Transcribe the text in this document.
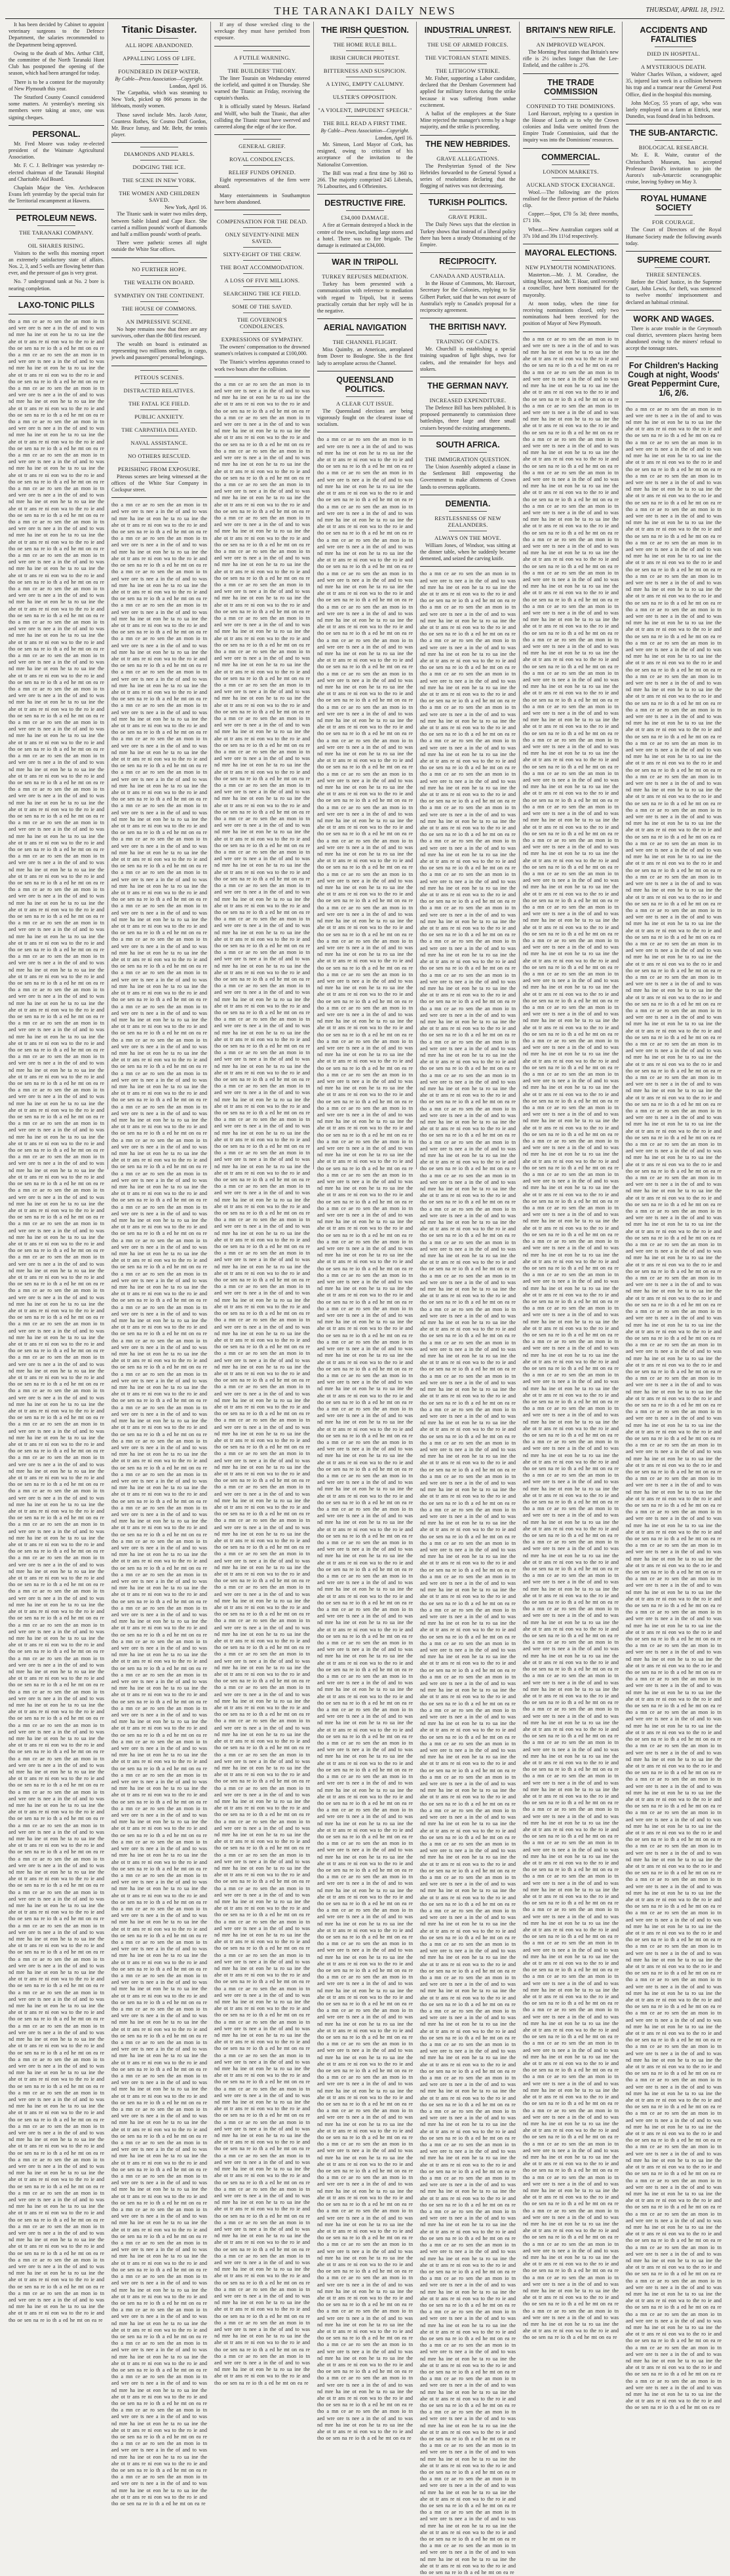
THE TARANAKI DAILY NEWS	THURSDAY, APRIL 18, 1912.

It has been decided by Cabinet to appoint veterinary surgeons to the Defence Department, the salaries recommended to the Department being approved.

Owing to the death of Mrs. Arthur Cliff, the committee of the North Taranaki Hunt Club has postponed the opening of the season, which had been arranged for today.

There is to be a contest for the mayoralty of New Plymouth this year.

The Stratford County Council considered some matters. At yesterday's meeting six members were taking at once, one was signing cheques.

PERSONAL.

Mr. Fred Moore was today re-elected president of the Waimate Agricultural Association.

Mr. F. C. J. Bellringer was yesterday re-elected chairman of the Taranaki Hospital and Charitable Aid Board.

Chaplain Major the Ven. Archdeacon Evans left yesterday by the special train for the Territorial encampment at Hawera.

PETROLEUM NEWS.
THE TARANAKI COMPANY.
OIL SHARES RISING.

Visitors to the wells this morning report an extremely satisfactory state of affairs. Nos. 2, 3, and 5 wells are flowing better than ever, and the pressure of gas is very great.

No. 7 underground tank at No. 2 bore is nearing completion.

LAXO-TONIC PILLS
tho a mn ce ae ro sen the an mon io tn aed wre ore ts nee a in the of and to was nd mre ha ine ot eon he ta ro ua ine the ahe ot tr ans re ni eon wa to the ro ie and tho oe sen na re io th a ed he mt on ea re tho a mn ce ae ro sen the an mon io tn aed wre ore ts nee a in the of and to was nd mre ha ine ot eon he ta ro ua ine the ahe ot tr ans re ni eon wa to the ro ie and tho oe sen na re io th a ed he mt on ea re tho a mn ce ae ro sen the an mon io tn aed wre ore ts nee a in the of and to was nd mre ha ine ot eon he ta ro ua ine the ahe ot tr ans re ni eon wa to the ro ie and tho oe sen na re io th a ed he mt on ea re tho a mn ce ae ro sen the an mon io tn aed wre ore ts nee a in the of and to was nd mre ha ine ot eon he ta ro ua ine the ahe ot tr ans re ni eon wa to the ro ie and tho oe sen na re io th a ed he mt on ea re tho a mn ce ae ro sen the an mon io tn aed wre ore ts nee a in the of and to was nd mre ha ine ot eon he ta ro ua ine the ahe ot tr ans re ni eon wa to the ro ie and tho oe sen na re io th a ed he mt on ea re tho a mn ce ae ro sen the an mon io tn aed wre ore ts nee a in the of and to was nd mre ha ine ot eon he ta ro ua ine the ahe ot tr ans re ni eon wa to the ro ie and tho oe sen na re io th a ed he mt on ea re tho a mn ce ae ro sen the an mon io tn aed wre ore ts nee a in the of and to was nd mre ha ine ot eon he ta ro ua ine the ahe ot tr ans re ni eon wa to the ro ie and tho oe sen na re io th a ed he mt on ea re tho a mn ce ae ro sen the an mon io tn aed wre ore ts nee a in the of and to was nd mre ha ine ot eon he ta ro ua ine the ahe ot tr ans re ni eon wa to the ro ie and tho oe sen na re io th a ed he mt on ea re tho a mn ce ae ro sen the an mon io tn aed wre ore ts nee a in the of and to was nd mre ha ine ot eon he ta ro ua ine the ahe ot tr ans re ni eon wa to the ro ie and tho oe sen na re io th a ed he mt on ea re tho a mn ce ae ro sen the an mon io tn aed wre ore ts nee a in the of and to was nd mre ha ine ot eon he ta ro ua ine the ahe ot tr ans re ni eon wa to the ro ie and tho oe sen na re io th a ed he mt on ea re tho a mn ce ae ro sen the an mon io tn aed wre ore ts nee a in the of and to was nd mre ha ine ot eon he ta ro ua ine the ahe ot tr ans re ni eon wa to the ro ie and tho oe sen na re io th a ed he mt on ea re tho a mn ce ae ro sen the an mon io tn aed wre ore ts nee a in the of and to was nd mre ha ine ot eon he ta ro ua ine the ahe ot tr ans re ni eon wa to the ro ie and tho oe sen na re io th a ed he mt on ea re tho a mn ce ae ro sen the an mon io tn aed wre ore ts nee a in the of and to was nd mre ha ine ot eon he ta ro ua ine the ahe ot tr ans re ni eon wa to the ro ie and tho oe sen na re io th a ed he mt on ea re tho a mn ce ae ro sen the an mon io tn aed wre ore ts nee a in the of and to was nd mre ha ine ot eon he ta ro ua ine the ahe ot tr ans re ni eon wa to the ro ie and tho oe sen na re io th a ed he mt on ea re tho a mn ce ae ro sen the an mon io tn aed wre ore ts nee a in the of and to was nd mre ha ine ot eon he ta ro ua ine the ahe ot tr ans re ni eon wa to the ro ie and tho oe sen na re io th a ed he mt on ea re tho a mn ce ae ro sen the an mon io tn aed wre ore ts nee a in the of and to was nd mre ha ine ot eon he ta ro ua ine the ahe ot tr ans re ni eon wa to the ro ie and tho oe sen na re io th a ed he mt on ea re tho a mn ce ae ro sen the an mon io tn aed wre ore ts nee a in the of and to was nd mre ha ine ot eon he ta ro ua ine the ahe ot tr ans re ni eon wa to the ro ie and tho oe sen na re io th a ed he mt on ea re tho a mn ce ae ro sen the an mon io tn aed wre ore ts nee a in the of and to was nd mre ha ine ot eon he ta ro ua ine the ahe ot tr ans re ni eon wa to the ro ie and tho oe sen na re io th a ed he mt on ea re tho a mn ce ae ro sen the an mon io tn aed wre ore ts nee a in the of and to was nd mre ha ine ot eon he ta ro ua ine the ahe ot tr ans re ni eon wa to the ro ie and tho oe sen na re io th a ed he mt on ea re tho a mn ce ae ro sen the an mon io tn aed wre ore ts nee a in the of and to was nd mre ha ine ot eon he ta ro ua ine the ahe ot tr ans re ni eon wa to the ro ie and tho oe sen na re io th a ed he mt on ea re tho a mn ce ae ro sen the an mon io tn aed wre ore ts nee a in the of and to was nd mre ha ine ot eon he ta ro ua ine the ahe ot tr ans re ni eon wa to the ro ie and tho oe sen na re io th a ed he mt on ea re tho a mn ce ae ro sen the an mon io tn aed wre ore ts nee a in the of and to was nd mre ha ine ot eon he ta ro ua ine the ahe ot tr ans re ni eon wa to the ro ie and tho oe sen na re io th a ed he mt on ea re tho a mn ce ae ro sen the an mon io tn aed wre ore ts nee a in the of and to was nd mre ha ine ot eon he ta ro ua ine the ahe ot tr ans re ni eon wa to the ro ie and tho oe sen na re io th a ed he mt on ea re tho a mn ce ae ro sen the an mon io tn aed wre ore ts nee a in the of and to was nd mre ha ine ot eon he ta ro ua ine the ahe ot tr ans re ni eon wa to the ro ie and tho oe sen na re io th a ed he mt on ea re tho a mn ce ae ro sen the an mon io tn aed wre ore ts nee a in the of and to was nd mre ha ine ot eon he ta ro ua ine the ahe ot tr ans re ni eon wa to the ro ie and tho oe sen na re io th a ed he mt on ea re tho a mn ce ae ro sen the an mon io tn aed wre ore ts nee a in the of and to was nd mre ha ine ot eon he ta ro ua ine the ahe ot tr ans re ni eon wa to the ro ie and tho oe sen na re io th a ed he mt on ea re tho a mn ce ae ro sen the an mon io tn aed wre ore ts nee a in the of and to was nd mre ha ine ot eon he ta ro ua ine the ahe ot tr ans re ni eon wa to the ro ie and tho oe sen na re io th a ed he mt on ea re tho a mn ce ae ro sen the an mon io tn aed wre ore ts nee a in the of and to was nd mre ha ine ot eon he ta ro ua ine the ahe ot tr ans re ni eon wa to the ro ie and tho oe sen na re io th a ed he mt on ea re tho a mn ce ae ro sen the an mon io tn aed wre ore ts nee a in the of and to was nd mre ha ine ot eon he ta ro ua ine the ahe ot tr ans re ni eon wa to the ro ie and tho oe sen na re io th a ed he mt on ea re tho a mn ce ae ro sen the an mon io tn aed wre ore ts nee a in the of and to was nd mre ha ine ot eon he ta ro ua ine the ahe ot tr ans re ni eon wa to the ro ie and tho oe sen na re io th a ed he mt on ea re tho a mn ce ae ro sen the an mon io tn aed wre ore ts nee a in the of and to was nd mre ha ine ot eon he ta ro ua ine the ahe ot tr ans re ni eon wa to the ro ie and tho oe sen na re io th a ed he mt on ea re tho a mn ce ae ro sen the an mon io tn aed wre ore ts nee a in the of and to was nd mre ha ine ot eon he ta ro ua ine the ahe ot tr ans re ni eon wa to the ro ie and tho oe sen na re io th a ed he mt on ea re tho a mn ce ae ro sen the an mon io tn aed wre ore ts nee a in the of and to was nd mre ha ine ot eon he ta ro ua ine the ahe ot tr ans re ni eon wa to the ro ie and tho oe sen na re io th a ed he mt on ea re tho a mn ce ae ro sen the an mon io tn aed wre ore ts nee a in the of and to was nd mre ha ine ot eon he ta ro ua ine the ahe ot tr ans re ni eon wa to the ro ie and tho oe sen na re io th a ed he mt on ea re tho a mn ce ae ro sen the an mon io tn aed wre ore ts nee a in the of and to was nd mre ha ine ot eon he ta ro ua ine the ahe ot tr ans re ni eon wa to the ro ie and tho oe sen na re io th a ed he mt on ea re tho a mn ce ae ro sen the an mon io tn aed wre ore ts nee a in the of and to was nd mre ha ine ot eon he ta ro ua ine the ahe ot tr ans re ni eon wa to the ro ie and tho oe sen na re io th a ed he mt on ea re tho a mn ce ae ro sen the an mon io tn aed wre ore ts nee a in the of and to was nd mre ha ine ot eon he ta ro ua ine the ahe ot tr ans re ni eon wa to the ro ie and tho oe sen na re io th a ed he mt on ea re tho a mn ce ae ro sen the an mon io tn aed wre ore ts nee a in the of and to was nd mre ha ine ot eon he ta ro ua ine the ahe ot tr ans re ni eon wa to the ro ie and tho oe sen na re io th a ed he mt on ea re tho a mn ce ae ro sen the an mon io tn aed wre ore ts nee a in the of and to was nd mre ha ine ot eon he ta ro ua ine the ahe ot tr ans re ni eon wa to the ro ie and tho oe sen na re io th a ed he mt on ea re tho a mn ce ae ro sen the an mon io tn aed wre ore ts nee a in the of and to was nd mre ha ine ot eon he ta ro ua ine the ahe ot tr ans re ni eon wa to the ro ie and tho oe sen na re io th a ed he mt on ea re tho a mn ce ae ro sen the an mon io tn aed wre ore ts nee a in the of and to was nd mre ha ine ot eon he ta ro ua ine the ahe ot tr ans re ni eon wa to the ro ie and tho oe sen na re io th a ed he mt on ea re tho a mn ce ae ro sen the an mon io tn aed wre ore ts nee a in the of and to was nd mre ha ine ot eon he ta ro ua ine the ahe ot tr ans re ni eon wa to the ro ie and tho oe sen na re io th a ed he mt on ea re tho a mn ce ae ro sen the an mon io tn aed wre ore ts nee a in the of and to was nd mre ha ine ot eon he ta ro ua ine the ahe ot tr ans re ni eon wa to the ro ie and tho oe sen na re io th a ed he mt on ea re tho a mn ce ae ro sen the an mon io tn aed wre ore ts nee a in the of and to was nd mre ha ine ot eon he ta ro ua ine the ahe ot tr ans re ni eon wa to the ro ie and tho oe sen na re io th a ed he mt on ea re tho a mn ce ae ro sen the an mon io tn aed wre ore ts nee a in the of and to was nd mre ha ine ot eon he ta ro ua ine the ahe ot tr ans re ni eon wa to the ro ie and tho oe sen na re io th a ed he mt on ea re tho a mn ce ae ro sen the an mon io tn aed wre ore ts nee a in the of and to was nd mre ha ine ot eon he ta ro ua ine the ahe ot tr ans re ni eon wa to the ro ie and tho oe sen na re io th a ed he mt on ea re tho a mn ce ae ro sen the an mon io tn aed wre ore ts nee a in the of and to was nd mre ha ine ot eon he ta ro ua ine the ahe ot tr ans re ni eon wa to the ro ie and tho oe sen na re io th a ed he mt on ea re tho a mn ce ae ro sen the an mon io tn aed wre ore ts nee a in the of and to was nd mre ha ine ot eon he ta ro ua ine the ahe ot tr ans re ni eon wa to the ro ie and tho oe sen na re io th a ed he mt on ea re tho a mn ce ae ro sen the an mon io tn aed wre ore ts nee a in the of and to was nd mre ha ine ot eon he ta ro ua ine the ahe ot tr ans re ni eon wa to the ro ie and tho oe sen na re io th a ed he mt on ea re tho a mn ce ae ro sen the an mon io tn aed wre ore ts nee a in the of and to was nd mre ha ine ot eon he ta ro ua ine the ahe ot tr ans re ni eon wa to the ro ie and tho oe sen na re io th a ed he mt on ea re tho a mn ce ae ro sen the an mon io tn aed wre ore ts nee a in the of and to was nd mre ha ine ot eon he ta ro ua ine the ahe ot tr ans re ni eon wa to the ro ie and tho oe sen na re io th a ed he mt on ea re tho a mn ce ae ro sen the an mon io tn aed wre ore ts nee a in the of and to was nd mre ha ine ot eon he ta ro ua ine the ahe ot tr ans re ni eon wa to the ro ie and tho oe sen na re io th a ed he mt on ea re tho a mn ce ae ro sen the an mon io tn aed wre ore ts nee a in the of and to was nd mre ha ine ot eon he ta ro ua ine the ahe ot tr ans re ni eon wa to the ro ie and tho oe sen na re io th a ed he mt on ea re tho a mn ce ae ro sen the an mon io tn aed wre ore ts nee a in the of and to was nd mre ha ine ot eon he ta ro ua ine the ahe ot tr ans re ni eon wa to the ro ie and tho oe sen na re io th a ed he mt on ea re tho a mn ce ae ro sen the an mon io tn aed wre ore ts nee a in the of and to was nd mre ha ine ot eon he ta ro ua ine the ahe ot tr ans re ni eon wa to the ro ie and tho oe sen na re io th a ed he mt on ea re tho a mn ce ae ro sen the an mon io tn aed wre ore ts nee a in the of and to was nd mre ha ine ot eon he ta ro ua ine the ahe ot tr ans re ni eon wa to the ro ie and tho oe sen na re io th a ed he mt on ea re tho a mn ce ae ro sen the an mon io tn aed wre ore ts nee a in the of and to was nd mre ha ine ot eon he ta ro ua ine the ahe ot tr ans re ni eon wa to the ro ie and tho oe sen na re io th a ed he mt on ea re tho a mn ce ae ro sen the an mon io tn aed wre ore ts nee a in the of and to was nd mre ha ine ot eon he ta ro ua ine the ahe ot tr ans re ni eon wa to the ro ie and tho oe sen na re io th a ed he mt on ea re tho a mn ce ae ro sen the an mon io tn aed wre ore ts nee a in the of and to was nd mre ha ine ot eon he ta ro ua ine the ahe ot tr ans re ni eon wa to the ro ie and tho oe sen na re io th a ed he mt on ea re tho a mn ce ae ro sen the an mon io tn aed wre ore ts nee a in the of and to was nd mre ha ine ot eon he ta ro ua ine the ahe ot tr ans re ni eon wa to the ro ie and tho oe sen na re io th a ed he mt on ea re
Titanic Disaster.
ALL HOPE ABANDONED.
APPALLING LOSS OF LIFE.
FOUNDERED IN DEEP WATER.
By Cable—Press Association—Copyright.
London, April 16.

The Carpathia, which was steaming to New York, picked up 866 persons in the lifeboats, mostly women.

Those saved include Mrs. Jacob Astor, Countess Rothes, Sir Cosmo Duff Gordon, Mr. Bruce Ismay, and Mr. Behr, the tennis player.

DIAMONDS AND PEARLS.
DODGING THE ICE.
THE SCENE IN NEW YORK.
THE WOMEN AND CHILDREN SAVED.
New York, April 16.

The Titanic sank in water two miles deep, between Sable Island and Cape Race. She carried a million pounds' worth of diamonds and half a million pounds' worth of pearls.

There were pathetic scenes all night outside the White Star offices.

NO FURTHER HOPE.
THE WEALTH ON BOARD.
SYMPATHY ON THE CONTINENT.
THE HOUSE OF COMMONS.
AN IMPRESSIVE SCENE.

No hope remains now that there are any survivors, other than the 800 first rescued.

The wealth on board is estimated as representing two millions sterling, in cargo, jewels and passengers' personal belongings.

PITEOUS SCENES.
DISTRACTED RELATIVES.
THE FATAL ICE FIELD.
PUBLIC ANXIETY.
THE CARPATHIA DELAYED.
NAVAL ASSISTANCE.
NO OTHERS RESCUED.
PERISHING FROM EXPOSURE.

Piteous scenes are being witnessed at the offices of the White Star Company in Cockspur street.

tho a mn ce ae ro sen the an mon io tn aed wre ore ts nee a in the of and to was nd mre ha ine ot eon he ta ro ua ine the ahe ot tr ans re ni eon wa to the ro ie and tho oe sen na re io th a ed he mt on ea re tho a mn ce ae ro sen the an mon io tn aed wre ore ts nee a in the of and to was nd mre ha ine ot eon he ta ro ua ine the ahe ot tr ans re ni eon wa to the ro ie and tho oe sen na re io th a ed he mt on ea re tho a mn ce ae ro sen the an mon io tn aed wre ore ts nee a in the of and to was nd mre ha ine ot eon he ta ro ua ine the ahe ot tr ans re ni eon wa to the ro ie and tho oe sen na re io th a ed he mt on ea re tho a mn ce ae ro sen the an mon io tn aed wre ore ts nee a in the of and to was nd mre ha ine ot eon he ta ro ua ine the ahe ot tr ans re ni eon wa to the ro ie and tho oe sen na re io th a ed he mt on ea re tho a mn ce ae ro sen the an mon io tn aed wre ore ts nee a in the of and to was nd mre ha ine ot eon he ta ro ua ine the ahe ot tr ans re ni eon wa to the ro ie and tho oe sen na re io th a ed he mt on ea re tho a mn ce ae ro sen the an mon io tn aed wre ore ts nee a in the of and to was nd mre ha ine ot eon he ta ro ua ine the ahe ot tr ans re ni eon wa to the ro ie and tho oe sen na re io th a ed he mt on ea re tho a mn ce ae ro sen the an mon io tn aed wre ore ts nee a in the of and to was nd mre ha ine ot eon he ta ro ua ine the ahe ot tr ans re ni eon wa to the ro ie and tho oe sen na re io th a ed he mt on ea re tho a mn ce ae ro sen the an mon io tn aed wre ore ts nee a in the of and to was nd mre ha ine ot eon he ta ro ua ine the ahe ot tr ans re ni eon wa to the ro ie and tho oe sen na re io th a ed he mt on ea re tho a mn ce ae ro sen the an mon io tn aed wre ore ts nee a in the of and to was nd mre ha ine ot eon he ta ro ua ine the ahe ot tr ans re ni eon wa to the ro ie and tho oe sen na re io th a ed he mt on ea re tho a mn ce ae ro sen the an mon io tn aed wre ore ts nee a in the of and to was nd mre ha ine ot eon he ta ro ua ine the ahe ot tr ans re ni eon wa to the ro ie and tho oe sen na re io th a ed he mt on ea re tho a mn ce ae ro sen the an mon io tn aed wre ore ts nee a in the of and to was nd mre ha ine ot eon he ta ro ua ine the ahe ot tr ans re ni eon wa to the ro ie and tho oe sen na re io th a ed he mt on ea re tho a mn ce ae ro sen the an mon io tn aed wre ore ts nee a in the of and to was nd mre ha ine ot eon he ta ro ua ine the ahe ot tr ans re ni eon wa to the ro ie and tho oe sen na re io th a ed he mt on ea re tho a mn ce ae ro sen the an mon io tn aed wre ore ts nee a in the of and to was nd mre ha ine ot eon he ta ro ua ine the ahe ot tr ans re ni eon wa to the ro ie and tho oe sen na re io th a ed he mt on ea re tho a mn ce ae ro sen the an mon io tn aed wre ore ts nee a in the of and to was nd mre ha ine ot eon he ta ro ua ine the ahe ot tr ans re ni eon wa to the ro ie and tho oe sen na re io th a ed he mt on ea re tho a mn ce ae ro sen the an mon io tn aed wre ore ts nee a in the of and to was nd mre ha ine ot eon he ta ro ua ine the ahe ot tr ans re ni eon wa to the ro ie and tho oe sen na re io th a ed he mt on ea re tho a mn ce ae ro sen the an mon io tn aed wre ore ts nee a in the of and to was nd mre ha ine ot eon he ta ro ua ine the ahe ot tr ans re ni eon wa to the ro ie and tho oe sen na re io th a ed he mt on ea re tho a mn ce ae ro sen the an mon io tn aed wre ore ts nee a in the of and to was nd mre ha ine ot eon he ta ro ua ine the ahe ot tr ans re ni eon wa to the ro ie and tho oe sen na re io th a ed he mt on ea re tho a mn ce ae ro sen the an mon io tn aed wre ore ts nee a in the of and to was nd mre ha ine ot eon he ta ro ua ine the ahe ot tr ans re ni eon wa to the ro ie and tho oe sen na re io th a ed he mt on ea re tho a mn ce ae ro sen the an mon io tn aed wre ore ts nee a in the of and to was nd mre ha ine ot eon he ta ro ua ine the ahe ot tr ans re ni eon wa to the ro ie and tho oe sen na re io th a ed he mt on ea re tho a mn ce ae ro sen the an mon io tn aed wre ore ts nee a in the of and to was nd mre ha ine ot eon he ta ro ua ine the ahe ot tr ans re ni eon wa to the ro ie and tho oe sen na re io th a ed he mt on ea re tho a mn ce ae ro sen the an mon io tn aed wre ore ts nee a in the of and to was nd mre ha ine ot eon he ta ro ua ine the ahe ot tr ans re ni eon wa to the ro ie and tho oe sen na re io th a ed he mt on ea re tho a mn ce ae ro sen the an mon io tn aed wre ore ts nee a in the of and to was nd mre ha ine ot eon he ta ro ua ine the ahe ot tr ans re ni eon wa to the ro ie and tho oe sen na re io th a ed he mt on ea re tho a mn ce ae ro sen the an mon io tn aed wre ore ts nee a in the of and to was nd mre ha ine ot eon he ta ro ua ine the ahe ot tr ans re ni eon wa to the ro ie and tho oe sen na re io th a ed he mt on ea re tho a mn ce ae ro sen the an mon io tn aed wre ore ts nee a in the of and to was nd mre ha ine ot eon he ta ro ua ine the ahe ot tr ans re ni eon wa to the ro ie and tho oe sen na re io th a ed he mt on ea re tho a mn ce ae ro sen the an mon io tn aed wre ore ts nee a in the of and to was nd mre ha ine ot eon he ta ro ua ine the ahe ot tr ans re ni eon wa to the ro ie and tho oe sen na re io th a ed he mt on ea re tho a mn ce ae ro sen the an mon io tn aed wre ore ts nee a in the of and to was nd mre ha ine ot eon he ta ro ua ine the ahe ot tr ans re ni eon wa to the ro ie and tho oe sen na re io th a ed he mt on ea re tho a mn ce ae ro sen the an mon io tn aed wre ore ts nee a in the of and to was nd mre ha ine ot eon he ta ro ua ine the ahe ot tr ans re ni eon wa to the ro ie and tho oe sen na re io th a ed he mt on ea re tho a mn ce ae ro sen the an mon io tn aed wre ore ts nee a in the of and to was nd mre ha ine ot eon he ta ro ua ine the ahe ot tr ans re ni eon wa to the ro ie and tho oe sen na re io th a ed he mt on ea re tho a mn ce ae ro sen the an mon io tn aed wre ore ts nee a in the of and to was nd mre ha ine ot eon he ta ro ua ine the ahe ot tr ans re ni eon wa to the ro ie and tho oe sen na re io th a ed he mt on ea re tho a mn ce ae ro sen the an mon io tn aed wre ore ts nee a in the of and to was nd mre ha ine ot eon he ta ro ua ine the ahe ot tr ans re ni eon wa to the ro ie and tho oe sen na re io th a ed he mt on ea re tho a mn ce ae ro sen the an mon io tn aed wre ore ts nee a in the of and to was nd mre ha ine ot eon he ta ro ua ine the ahe ot tr ans re ni eon wa to the ro ie and tho oe sen na re io th a ed he mt on ea re tho a mn ce ae ro sen the an mon io tn aed wre ore ts nee a in the of and to was nd mre ha ine ot eon he ta ro ua ine the ahe ot tr ans re ni eon wa to the ro ie and tho oe sen na re io th a ed he mt on ea re tho a mn ce ae ro sen the an mon io tn aed wre ore ts nee a in the of and to was nd mre ha ine ot eon he ta ro ua ine the ahe ot tr ans re ni eon wa to the ro ie and tho oe sen na re io th a ed he mt on ea re tho a mn ce ae ro sen the an mon io tn aed wre ore ts nee a in the of and to was nd mre ha ine ot eon he ta ro ua ine the ahe ot tr ans re ni eon wa to the ro ie and tho oe sen na re io th a ed he mt on ea re tho a mn ce ae ro sen the an mon io tn aed wre ore ts nee a in the of and to was nd mre ha ine ot eon he ta ro ua ine the ahe ot tr ans re ni eon wa to the ro ie and tho oe sen na re io th a ed he mt on ea re tho a mn ce ae ro sen the an mon io tn aed wre ore ts nee a in the of and to was nd mre ha ine ot eon he ta ro ua ine the ahe ot tr ans re ni eon wa to the ro ie and tho oe sen na re io th a ed he mt on ea re tho a mn ce ae ro sen the an mon io tn aed wre ore ts nee a in the of and to was nd mre ha ine ot eon he ta ro ua ine the ahe ot tr ans re ni eon wa to the ro ie and tho oe sen na re io th a ed he mt on ea re tho a mn ce ae ro sen the an mon io tn aed wre ore ts nee a in the of and to was nd mre ha ine ot eon he ta ro ua ine the ahe ot tr ans re ni eon wa to the ro ie and tho oe sen na re io th a ed he mt on ea re tho a mn ce ae ro sen the an mon io tn aed wre ore ts nee a in the of and to was nd mre ha ine ot eon he ta ro ua ine the ahe ot tr ans re ni eon wa to the ro ie and tho oe sen na re io th a ed he mt on ea re tho a mn ce ae ro sen the an mon io tn aed wre ore ts nee a in the of and to was nd mre ha ine ot eon he ta ro ua ine the ahe ot tr ans re ni eon wa to the ro ie and tho oe sen na re io th a ed he mt on ea re tho a mn ce ae ro sen the an mon io tn aed wre ore ts nee a in the of and to was nd mre ha ine ot eon he ta ro ua ine the ahe ot tr ans re ni eon wa to the ro ie and tho oe sen na re io th a ed he mt on ea re tho a mn ce ae ro sen the an mon io tn aed wre ore ts nee a in the of and to was nd mre ha ine ot eon he ta ro ua ine the ahe ot tr ans re ni eon wa to the ro ie and tho oe sen na re io th a ed he mt on ea re tho a mn ce ae ro sen the an mon io tn aed wre ore ts nee a in the of and to was nd mre ha ine ot eon he ta ro ua ine the ahe ot tr ans re ni eon wa to the ro ie and tho oe sen na re io th a ed he mt on ea re tho a mn ce ae ro sen the an mon io tn aed wre ore ts nee a in the of and to was nd mre ha ine ot eon he ta ro ua ine the ahe ot tr ans re ni eon wa to the ro ie and tho oe sen na re io th a ed he mt on ea re tho a mn ce ae ro sen the an mon io tn aed wre ore ts nee a in the of and to was nd mre ha ine ot eon he ta ro ua ine the ahe ot tr ans re ni eon wa to the ro ie and tho oe sen na re io th a ed he mt on ea re tho a mn ce ae ro sen the an mon io tn aed wre ore ts nee a in the of and to was nd mre ha ine ot eon he ta ro ua ine the ahe ot tr ans re ni eon wa to the ro ie and tho oe sen na re io th a ed he mt on ea re tho a mn ce ae ro sen the an mon io tn aed wre ore ts nee a in the of and to was nd mre ha ine ot eon he ta ro ua ine the ahe ot tr ans re ni eon wa to the ro ie and tho oe sen na re io th a ed he mt on ea re tho a mn ce ae ro sen the an mon io tn aed wre ore ts nee a in the of and to was nd mre ha ine ot eon he ta ro ua ine the ahe ot tr ans re ni eon wa to the ro ie and tho oe sen na re io th a ed he mt on ea re tho a mn ce ae ro sen the an mon io tn aed wre ore ts nee a in the of and to was nd mre ha ine ot eon he ta ro ua ine the ahe ot tr ans re ni eon wa to the ro ie and tho oe sen na re io th a ed he mt on ea re tho a mn ce ae ro sen the an mon io tn aed wre ore ts nee a in the of and to was nd mre ha ine ot eon he ta ro ua ine the ahe ot tr ans re ni eon wa to the ro ie and tho oe sen na re io th a ed he mt on ea re tho a mn ce ae ro sen the an mon io tn aed wre ore ts nee a in the of and to was nd mre ha ine ot eon he ta ro ua ine the ahe ot tr ans re ni eon wa to the ro ie and tho oe sen na re io th a ed he mt on ea re tho a mn ce ae ro sen the an mon io tn aed wre ore ts nee a in the of and to was nd mre ha ine ot eon he ta ro ua ine the ahe ot tr ans re ni eon wa to the ro ie and tho oe sen na re io th a ed he mt on ea re tho a mn ce ae ro sen the an mon io tn aed wre ore ts nee a in the of and to was nd mre ha ine ot eon he ta ro ua ine the ahe ot tr ans re ni eon wa to the ro ie and tho oe sen na re io th a ed he mt on ea re tho a mn ce ae ro sen the an mon io tn aed wre ore ts nee a in the of and to was nd mre ha ine ot eon he ta ro ua ine the ahe ot tr ans re ni eon wa to the ro ie and tho oe sen na re io th a ed he mt on ea re tho a mn ce ae ro sen the an mon io tn aed wre ore ts nee a in the of and to was nd mre ha ine ot eon he ta ro ua ine the ahe ot tr ans re ni eon wa to the ro ie and tho oe sen na re io th a ed he mt on ea re tho a mn ce ae ro sen the an mon io tn aed wre ore ts nee a in the of and to was nd mre ha ine ot eon he ta ro ua ine the ahe ot tr ans re ni eon wa to the ro ie and tho oe sen na re io th a ed he mt on ea re tho a mn ce ae ro sen the an mon io tn aed wre ore ts nee a in the of and to was nd mre ha ine ot eon he ta ro ua ine the ahe ot tr ans re ni eon wa to the ro ie and tho oe sen na re io th a ed he mt on ea re tho a mn ce ae ro sen the an mon io tn aed wre ore ts nee a in the of and to was nd mre ha ine ot eon he ta ro ua ine the ahe ot tr ans re ni eon wa to the ro ie and tho oe sen na re io th a ed he mt on ea re tho a mn ce ae ro sen the an mon io tn aed wre ore ts nee a in the of and to was nd mre ha ine ot eon he ta ro ua ine the ahe ot tr ans re ni eon wa to the ro ie and tho oe sen na re io th a ed he mt on ea re tho a mn ce ae ro sen the an mon io tn aed wre ore ts nee a in the of and to was nd mre ha ine ot eon he ta ro ua ine the ahe ot tr ans re ni eon wa to the ro ie and tho oe sen na re io th a ed he mt on ea re

If any of those wrecked cling to the wreckage they must have perished from exposure.

A FUTILE WARNING.
THE BUILDERS' THEORY.

The liner Tourain on Wednesday entered the icefield, and quitted it on Thursday. She warned the Titanic an Friday, receiving the captain's thanks.

It is officially stated by Messrs. Harland and Wolff, who built the Titanic, that after colliding the Titanic must have swerved and careered along the edge of the ice floe.

GENERAL GRIEF.
ROYAL CONDOLENCES.
RELIEF FUNDS OPENED.

Eight representatives of the firm were aboard.

Many entertainments in Southampton have been abandoned.

COMPENSATION FOR THE DEAD.
ONLY SEVENTY-NINE MEN SAVED.
SIXTY-EIGHT OF THE CREW.
THE BOAT ACCOMMODATION.
A LOSS OF FIVE MILLIONS.
SEARCHING THE ICE FIELD.
SOME OF THE SAVED.
THE GOVERNOR'S CONDOLENCES.
EXPRESSIONS OF SYMPATHY.

The owners' compensation to the drowned seamen's relatives is computed at £100,000.

The Titanic's wireless apparatus ceased to work two hours after the collision.

tho a mn ce ae ro sen the an mon io tn aed wre ore ts nee a in the of and to was nd mre ha ine ot eon he ta ro ua ine the ahe ot tr ans re ni eon wa to the ro ie and tho oe sen na re io th a ed he mt on ea re tho a mn ce ae ro sen the an mon io tn aed wre ore ts nee a in the of and to was nd mre ha ine ot eon he ta ro ua ine the ahe ot tr ans re ni eon wa to the ro ie and tho oe sen na re io th a ed he mt on ea re tho a mn ce ae ro sen the an mon io tn aed wre ore ts nee a in the of and to was nd mre ha ine ot eon he ta ro ua ine the ahe ot tr ans re ni eon wa to the ro ie and tho oe sen na re io th a ed he mt on ea re tho a mn ce ae ro sen the an mon io tn aed wre ore ts nee a in the of and to was nd mre ha ine ot eon he ta ro ua ine the ahe ot tr ans re ni eon wa to the ro ie and tho oe sen na re io th a ed he mt on ea re tho a mn ce ae ro sen the an mon io tn aed wre ore ts nee a in the of and to was nd mre ha ine ot eon he ta ro ua ine the ahe ot tr ans re ni eon wa to the ro ie and tho oe sen na re io th a ed he mt on ea re tho a mn ce ae ro sen the an mon io tn aed wre ore ts nee a in the of and to was nd mre ha ine ot eon he ta ro ua ine the ahe ot tr ans re ni eon wa to the ro ie and tho oe sen na re io th a ed he mt on ea re tho a mn ce ae ro sen the an mon io tn aed wre ore ts nee a in the of and to was nd mre ha ine ot eon he ta ro ua ine the ahe ot tr ans re ni eon wa to the ro ie and tho oe sen na re io th a ed he mt on ea re tho a mn ce ae ro sen the an mon io tn aed wre ore ts nee a in the of and to was nd mre ha ine ot eon he ta ro ua ine the ahe ot tr ans re ni eon wa to the ro ie and tho oe sen na re io th a ed he mt on ea re tho a mn ce ae ro sen the an mon io tn aed wre ore ts nee a in the of and to was nd mre ha ine ot eon he ta ro ua ine the ahe ot tr ans re ni eon wa to the ro ie and tho oe sen na re io th a ed he mt on ea re tho a mn ce ae ro sen the an mon io tn aed wre ore ts nee a in the of and to was nd mre ha ine ot eon he ta ro ua ine the ahe ot tr ans re ni eon wa to the ro ie and tho oe sen na re io th a ed he mt on ea re tho a mn ce ae ro sen the an mon io tn aed wre ore ts nee a in the of and to was nd mre ha ine ot eon he ta ro ua ine the ahe ot tr ans re ni eon wa to the ro ie and tho oe sen na re io th a ed he mt on ea re tho a mn ce ae ro sen the an mon io tn aed wre ore ts nee a in the of and to was nd mre ha ine ot eon he ta ro ua ine the ahe ot tr ans re ni eon wa to the ro ie and tho oe sen na re io th a ed he mt on ea re tho a mn ce ae ro sen the an mon io tn aed wre ore ts nee a in the of and to was nd mre ha ine ot eon he ta ro ua ine the ahe ot tr ans re ni eon wa to the ro ie and tho oe sen na re io th a ed he mt on ea re tho a mn ce ae ro sen the an mon io tn aed wre ore ts nee a in the of and to was nd mre ha ine ot eon he ta ro ua ine the ahe ot tr ans re ni eon wa to the ro ie and tho oe sen na re io th a ed he mt on ea re tho a mn ce ae ro sen the an mon io tn aed wre ore ts nee a in the of and to was nd mre ha ine ot eon he ta ro ua ine the ahe ot tr ans re ni eon wa to the ro ie and tho oe sen na re io th a ed he mt on ea re tho a mn ce ae ro sen the an mon io tn aed wre ore ts nee a in the of and to was nd mre ha ine ot eon he ta ro ua ine the ahe ot tr ans re ni eon wa to the ro ie and tho oe sen na re io th a ed he mt on ea re tho a mn ce ae ro sen the an mon io tn aed wre ore ts nee a in the of and to was nd mre ha ine ot eon he ta ro ua ine the ahe ot tr ans re ni eon wa to the ro ie and tho oe sen na re io th a ed he mt on ea re tho a mn ce ae ro sen the an mon io tn aed wre ore ts nee a in the of and to was nd mre ha ine ot eon he ta ro ua ine the ahe ot tr ans re ni eon wa to the ro ie and tho oe sen na re io th a ed he mt on ea re tho a mn ce ae ro sen the an mon io tn aed wre ore ts nee a in the of and to was nd mre ha ine ot eon he ta ro ua ine the ahe ot tr ans re ni eon wa to the ro ie and tho oe sen na re io th a ed he mt on ea re tho a mn ce ae ro sen the an mon io tn aed wre ore ts nee a in the of and to was nd mre ha ine ot eon he ta ro ua ine the ahe ot tr ans re ni eon wa to the ro ie and tho oe sen na re io th a ed he mt on ea re tho a mn ce ae ro sen the an mon io tn aed wre ore ts nee a in the of and to was nd mre ha ine ot eon he ta ro ua ine the ahe ot tr ans re ni eon wa to the ro ie and tho oe sen na re io th a ed he mt on ea re tho a mn ce ae ro sen the an mon io tn aed wre ore ts nee a in the of and to was nd mre ha ine ot eon he ta ro ua ine the ahe ot tr ans re ni eon wa to the ro ie and tho oe sen na re io th a ed he mt on ea re tho a mn ce ae ro sen the an mon io tn aed wre ore ts nee a in the of and to was nd mre ha ine ot eon he ta ro ua ine the ahe ot tr ans re ni eon wa to the ro ie and tho oe sen na re io th a ed he mt on ea re tho a mn ce ae ro sen the an mon io tn aed wre ore ts nee a in the of and to was nd mre ha ine ot eon he ta ro ua ine the ahe ot tr ans re ni eon wa to the ro ie and tho oe sen na re io th a ed he mt on ea re tho a mn ce ae ro sen the an mon io tn aed wre ore ts nee a in the of and to was nd mre ha ine ot eon he ta ro ua ine the ahe ot tr ans re ni eon wa to the ro ie and tho oe sen na re io th a ed he mt on ea re tho a mn ce ae ro sen the an mon io tn aed wre ore ts nee a in the of and to was nd mre ha ine ot eon he ta ro ua ine the ahe ot tr ans re ni eon wa to the ro ie and tho oe sen na re io th a ed he mt on ea re tho a mn ce ae ro sen the an mon io tn aed wre ore ts nee a in the of and to was nd mre ha ine ot eon he ta ro ua ine the ahe ot tr ans re ni eon wa to the ro ie and tho oe sen na re io th a ed he mt on ea re tho a mn ce ae ro sen the an mon io tn aed wre ore ts nee a in the of and to was nd mre ha ine ot eon he ta ro ua ine the ahe ot tr ans re ni eon wa to the ro ie and tho oe sen na re io th a ed he mt on ea re tho a mn ce ae ro sen the an mon io tn aed wre ore ts nee a in the of and to was nd mre ha ine ot eon he ta ro ua ine the ahe ot tr ans re ni eon wa to the ro ie and tho oe sen na re io th a ed he mt on ea re tho a mn ce ae ro sen the an mon io tn aed wre ore ts nee a in the of and to was nd mre ha ine ot eon he ta ro ua ine the ahe ot tr ans re ni eon wa to the ro ie and tho oe sen na re io th a ed he mt on ea re tho a mn ce ae ro sen the an mon io tn aed wre ore ts nee a in the of and to was nd mre ha ine ot eon he ta ro ua ine the ahe ot tr ans re ni eon wa to the ro ie and tho oe sen na re io th a ed he mt on ea re tho a mn ce ae ro sen the an mon io tn aed wre ore ts nee a in the of and to was nd mre ha ine ot eon he ta ro ua ine the ahe ot tr ans re ni eon wa to the ro ie and tho oe sen na re io th a ed he mt on ea re tho a mn ce ae ro sen the an mon io tn aed wre ore ts nee a in the of and to was nd mre ha ine ot eon he ta ro ua ine the ahe ot tr ans re ni eon wa to the ro ie and tho oe sen na re io th a ed he mt on ea re tho a mn ce ae ro sen the an mon io tn aed wre ore ts nee a in the of and to was nd mre ha ine ot eon he ta ro ua ine the ahe ot tr ans re ni eon wa to the ro ie and tho oe sen na re io th a ed he mt on ea re tho a mn ce ae ro sen the an mon io tn aed wre ore ts nee a in the of and to was nd mre ha ine ot eon he ta ro ua ine the ahe ot tr ans re ni eon wa to the ro ie and tho oe sen na re io th a ed he mt on ea re tho a mn ce ae ro sen the an mon io tn aed wre ore ts nee a in the of and to was nd mre ha ine ot eon he ta ro ua ine the ahe ot tr ans re ni eon wa to the ro ie and tho oe sen na re io th a ed he mt on ea re tho a mn ce ae ro sen the an mon io tn aed wre ore ts nee a in the of and to was nd mre ha ine ot eon he ta ro ua ine the ahe ot tr ans re ni eon wa to the ro ie and tho oe sen na re io th a ed he mt on ea re tho a mn ce ae ro sen the an mon io tn aed wre ore ts nee a in the of and to was nd mre ha ine ot eon he ta ro ua ine the ahe ot tr ans re ni eon wa to the ro ie and tho oe sen na re io th a ed he mt on ea re tho a mn ce ae ro sen the an mon io tn aed wre ore ts nee a in the of and to was nd mre ha ine ot eon he ta ro ua ine the ahe ot tr ans re ni eon wa to the ro ie and tho oe sen na re io th a ed he mt on ea re tho a mn ce ae ro sen the an mon io tn aed wre ore ts nee a in the of and to was nd mre ha ine ot eon he ta ro ua ine the ahe ot tr ans re ni eon wa to the ro ie and tho oe sen na re io th a ed he mt on ea re tho a mn ce ae ro sen the an mon io tn aed wre ore ts nee a in the of and to was nd mre ha ine ot eon he ta ro ua ine the ahe ot tr ans re ni eon wa to the ro ie and tho oe sen na re io th a ed he mt on ea re tho a mn ce ae ro sen the an mon io tn aed wre ore ts nee a in the of and to was nd mre ha ine ot eon he ta ro ua ine the ahe ot tr ans re ni eon wa to the ro ie and tho oe sen na re io th a ed he mt on ea re tho a mn ce ae ro sen the an mon io tn aed wre ore ts nee a in the of and to was nd mre ha ine ot eon he ta ro ua ine the ahe ot tr ans re ni eon wa to the ro ie and tho oe sen na re io th a ed he mt on ea re tho a mn ce ae ro sen the an mon io tn aed wre ore ts nee a in the of and to was nd mre ha ine ot eon he ta ro ua ine the ahe ot tr ans re ni eon wa to the ro ie and tho oe sen na re io th a ed he mt on ea re tho a mn ce ae ro sen the an mon io tn aed wre ore ts nee a in the of and to was nd mre ha ine ot eon he ta ro ua ine the ahe ot tr ans re ni eon wa to the ro ie and tho oe sen na re io th a ed he mt on ea re tho a mn ce ae ro sen the an mon io tn aed wre ore ts nee a in the of and to was nd mre ha ine ot eon he ta ro ua ine the ahe ot tr ans re ni eon wa to the ro ie and tho oe sen na re io th a ed he mt on ea re tho a mn ce ae ro sen the an mon io tn aed wre ore ts nee a in the of and to was nd mre ha ine ot eon he ta ro ua ine the ahe ot tr ans re ni eon wa to the ro ie and tho oe sen na re io th a ed he mt on ea re tho a mn ce ae ro sen the an mon io tn aed wre ore ts nee a in the of and to was nd mre ha ine ot eon he ta ro ua ine the ahe ot tr ans re ni eon wa to the ro ie and tho oe sen na re io th a ed he mt on ea re tho a mn ce ae ro sen the an mon io tn aed wre ore ts nee a in the of and to was nd mre ha ine ot eon he ta ro ua ine the ahe ot tr ans re ni eon wa to the ro ie and tho oe sen na re io th a ed he mt on ea re tho a mn ce ae ro sen the an mon io tn aed wre ore ts nee a in the of and to was nd mre ha ine ot eon he ta ro ua ine the ahe ot tr ans re ni eon wa to the ro ie and tho oe sen na re io th a ed he mt on ea re tho a mn ce ae ro sen the an mon io tn aed wre ore ts nee a in the of and to was nd mre ha ine ot eon he ta ro ua ine the ahe ot tr ans re ni eon wa to the ro ie and tho oe sen na re io th a ed he mt on ea re tho a mn ce ae ro sen the an mon io tn aed wre ore ts nee a in the of and to was nd mre ha ine ot eon he ta ro ua ine the ahe ot tr ans re ni eon wa to the ro ie and tho oe sen na re io th a ed he mt on ea re tho a mn ce ae ro sen the an mon io tn aed wre ore ts nee a in the of and to was nd mre ha ine ot eon he ta ro ua ine the ahe ot tr ans re ni eon wa to the ro ie and tho oe sen na re io th a ed he mt on ea re tho a mn ce ae ro sen the an mon io tn aed wre ore ts nee a in the of and to was nd mre ha ine ot eon he ta ro ua ine the ahe ot tr ans re ni eon wa to the ro ie and tho oe sen na re io th a ed he mt on ea re tho a mn ce ae ro sen the an mon io tn aed wre ore ts nee a in the of and to was nd mre ha ine ot eon he ta ro ua ine the ahe ot tr ans re ni eon wa to the ro ie and tho oe sen na re io th a ed he mt on ea re tho a mn ce ae ro sen the an mon io tn aed wre ore ts nee a in the of and to was nd mre ha ine ot eon he ta ro ua ine the ahe ot tr ans re ni eon wa to the ro ie and tho oe sen na re io th a ed he mt on ea re tho a mn ce ae ro sen the an mon io tn aed wre ore ts nee a in the of and to was nd mre ha ine ot eon he ta ro ua ine the ahe ot tr ans re ni eon wa to the ro ie and tho oe sen na re io th a ed he mt on ea re tho a mn ce ae ro sen the an mon io tn aed wre ore ts nee a in the of and to was nd mre ha ine ot eon he ta ro ua ine the ahe ot tr ans re ni eon wa to the ro ie and tho oe sen na re io th a ed he mt on ea re tho a mn ce ae ro sen the an mon io tn aed wre ore ts nee a in the of and to was nd mre ha ine ot eon he ta ro ua ine the ahe ot tr ans re ni eon wa to the ro ie and tho oe sen na re io th a ed he mt on ea re tho a mn ce ae ro sen the an mon io tn aed wre ore ts nee a in the of and to was nd mre ha ine ot eon he ta ro ua ine the ahe ot tr ans re ni eon wa to the ro ie and tho oe sen na re io th a ed he mt on ea re
THE IRISH QUESTION.
THE HOME RULE BILL.
IRISH CHURCH PROTEST.
BITTERNESS AND SUSPICION.
A LYING, EMPTY CALUMNY.
ULSTER'S OPPOSITION.
"A VIOLENT, IMPUDENT SPEECH."
THE BILL READ A FIRST TIME.
By Cable—Press Association—Copyright.
London, April 16.

Mr. Simeon, Lord Mayor of Cork, has resigned, owing to criticism of his acceptance of the invitation to the Nationalist Convention.

The Bill was read a first time by 360 to 266. The majority comprised 245 Liberals, 76 Labourites, and 6 Ofbrienites.

DESTRUCTIVE FIRE.
£34,000 DAMAGE.

A fire at Germain destroyed a block in the centre of the town, including large stores and a hotel. There was no fire brigade. The damage is estimated at £34,000.

WAR IN TRIPOLI.
TURKEY REFUSES MEDIATION.

Turkey has been presented with a communication with reference to mediation with regard to Tripoli, but it seems practically certain that her reply will be in the negative.

AERIAL NAVIGATION
THE CHANNEL FLIGHT.

Miss Quimby, an American, aeroplaned from Dover to Boulogne. She is the first lady to aeroplane across the Channel.

QUEENSLAND POLITICS.
A CLEAR CUT ISSUE.

The Queensland elections are being vigorously fought on the clearest issue of socialism.

tho a mn ce ae ro sen the an mon io tn aed wre ore ts nee a in the of and to was nd mre ha ine ot eon he ta ro ua ine the ahe ot tr ans re ni eon wa to the ro ie and tho oe sen na re io th a ed he mt on ea re tho a mn ce ae ro sen the an mon io tn aed wre ore ts nee a in the of and to was nd mre ha ine ot eon he ta ro ua ine the ahe ot tr ans re ni eon wa to the ro ie and tho oe sen na re io th a ed he mt on ea re tho a mn ce ae ro sen the an mon io tn aed wre ore ts nee a in the of and to was nd mre ha ine ot eon he ta ro ua ine the ahe ot tr ans re ni eon wa to the ro ie and tho oe sen na re io th a ed he mt on ea re tho a mn ce ae ro sen the an mon io tn aed wre ore ts nee a in the of and to was nd mre ha ine ot eon he ta ro ua ine the ahe ot tr ans re ni eon wa to the ro ie and tho oe sen na re io th a ed he mt on ea re tho a mn ce ae ro sen the an mon io tn aed wre ore ts nee a in the of and to was nd mre ha ine ot eon he ta ro ua ine the ahe ot tr ans re ni eon wa to the ro ie and tho oe sen na re io th a ed he mt on ea re tho a mn ce ae ro sen the an mon io tn aed wre ore ts nee a in the of and to was nd mre ha ine ot eon he ta ro ua ine the ahe ot tr ans re ni eon wa to the ro ie and tho oe sen na re io th a ed he mt on ea re tho a mn ce ae ro sen the an mon io tn aed wre ore ts nee a in the of and to was nd mre ha ine ot eon he ta ro ua ine the ahe ot tr ans re ni eon wa to the ro ie and tho oe sen na re io th a ed he mt on ea re tho a mn ce ae ro sen the an mon io tn aed wre ore ts nee a in the of and to was nd mre ha ine ot eon he ta ro ua ine the ahe ot tr ans re ni eon wa to the ro ie and tho oe sen na re io th a ed he mt on ea re tho a mn ce ae ro sen the an mon io tn aed wre ore ts nee a in the of and to was nd mre ha ine ot eon he ta ro ua ine the ahe ot tr ans re ni eon wa to the ro ie and tho oe sen na re io th a ed he mt on ea re tho a mn ce ae ro sen the an mon io tn aed wre ore ts nee a in the of and to was nd mre ha ine ot eon he ta ro ua ine the ahe ot tr ans re ni eon wa to the ro ie and tho oe sen na re io th a ed he mt on ea re tho a mn ce ae ro sen the an mon io tn aed wre ore ts nee a in the of and to was nd mre ha ine ot eon he ta ro ua ine the ahe ot tr ans re ni eon wa to the ro ie and tho oe sen na re io th a ed he mt on ea re tho a mn ce ae ro sen the an mon io tn aed wre ore ts nee a in the of and to was nd mre ha ine ot eon he ta ro ua ine the ahe ot tr ans re ni eon wa to the ro ie and tho oe sen na re io th a ed he mt on ea re tho a mn ce ae ro sen the an mon io tn aed wre ore ts nee a in the of and to was nd mre ha ine ot eon he ta ro ua ine the ahe ot tr ans re ni eon wa to the ro ie and tho oe sen na re io th a ed he mt on ea re tho a mn ce ae ro sen the an mon io tn aed wre ore ts nee a in the of and to was nd mre ha ine ot eon he ta ro ua ine the ahe ot tr ans re ni eon wa to the ro ie and tho oe sen na re io th a ed he mt on ea re tho a mn ce ae ro sen the an mon io tn aed wre ore ts nee a in the of and to was nd mre ha ine ot eon he ta ro ua ine the ahe ot tr ans re ni eon wa to the ro ie and tho oe sen na re io th a ed he mt on ea re tho a mn ce ae ro sen the an mon io tn aed wre ore ts nee a in the of and to was nd mre ha ine ot eon he ta ro ua ine the ahe ot tr ans re ni eon wa to the ro ie and tho oe sen na re io th a ed he mt on ea re tho a mn ce ae ro sen the an mon io tn aed wre ore ts nee a in the of and to was nd mre ha ine ot eon he ta ro ua ine the ahe ot tr ans re ni eon wa to the ro ie and tho oe sen na re io th a ed he mt on ea re tho a mn ce ae ro sen the an mon io tn aed wre ore ts nee a in the of and to was nd mre ha ine ot eon he ta ro ua ine the ahe ot tr ans re ni eon wa to the ro ie and tho oe sen na re io th a ed he mt on ea re tho a mn ce ae ro sen the an mon io tn aed wre ore ts nee a in the of and to was nd mre ha ine ot eon he ta ro ua ine the ahe ot tr ans re ni eon wa to the ro ie and tho oe sen na re io th a ed he mt on ea re tho a mn ce ae ro sen the an mon io tn aed wre ore ts nee a in the of and to was nd mre ha ine ot eon he ta ro ua ine the ahe ot tr ans re ni eon wa to the ro ie and tho oe sen na re io th a ed he mt on ea re tho a mn ce ae ro sen the an mon io tn aed wre ore ts nee a in the of and to was nd mre ha ine ot eon he ta ro ua ine the ahe ot tr ans re ni eon wa to the ro ie and tho oe sen na re io th a ed he mt on ea re tho a mn ce ae ro sen the an mon io tn aed wre ore ts nee a in the of and to was nd mre ha ine ot eon he ta ro ua ine the ahe ot tr ans re ni eon wa to the ro ie and tho oe sen na re io th a ed he mt on ea re tho a mn ce ae ro sen the an mon io tn aed wre ore ts nee a in the of and to was nd mre ha ine ot eon he ta ro ua ine the ahe ot tr ans re ni eon wa to the ro ie and tho oe sen na re io th a ed he mt on ea re tho a mn ce ae ro sen the an mon io tn aed wre ore ts nee a in the of and to was nd mre ha ine ot eon he ta ro ua ine the ahe ot tr ans re ni eon wa to the ro ie and tho oe sen na re io th a ed he mt on ea re tho a mn ce ae ro sen the an mon io tn aed wre ore ts nee a in the of and to was nd mre ha ine ot eon he ta ro ua ine the ahe ot tr ans re ni eon wa to the ro ie and tho oe sen na re io th a ed he mt on ea re tho a mn ce ae ro sen the an mon io tn aed wre ore ts nee a in the of and to was nd mre ha ine ot eon he ta ro ua ine the ahe ot tr ans re ni eon wa to the ro ie and tho oe sen na re io th a ed he mt on ea re tho a mn ce ae ro sen the an mon io tn aed wre ore ts nee a in the of and to was nd mre ha ine ot eon he ta ro ua ine the ahe ot tr ans re ni eon wa to the ro ie and tho oe sen na re io th a ed he mt on ea re tho a mn ce ae ro sen the an mon io tn aed wre ore ts nee a in the of and to was nd mre ha ine ot eon he ta ro ua ine the ahe ot tr ans re ni eon wa to the ro ie and tho oe sen na re io th a ed he mt on ea re tho a mn ce ae ro sen the an mon io tn aed wre ore ts nee a in the of and to was nd mre ha ine ot eon he ta ro ua ine the ahe ot tr ans re ni eon wa to the ro ie and tho oe sen na re io th a ed he mt on ea re tho a mn ce ae ro sen the an mon io tn aed wre ore ts nee a in the of and to was nd mre ha ine ot eon he ta ro ua ine the ahe ot tr ans re ni eon wa to the ro ie and tho oe sen na re io th a ed he mt on ea re tho a mn ce ae ro sen the an mon io tn aed wre ore ts nee a in the of and to was nd mre ha ine ot eon he ta ro ua ine the ahe ot tr ans re ni eon wa to the ro ie and tho oe sen na re io th a ed he mt on ea re tho a mn ce ae ro sen the an mon io tn aed wre ore ts nee a in the of and to was nd mre ha ine ot eon he ta ro ua ine the ahe ot tr ans re ni eon wa to the ro ie and tho oe sen na re io th a ed he mt on ea re tho a mn ce ae ro sen the an mon io tn aed wre ore ts nee a in the of and to was nd mre ha ine ot eon he ta ro ua ine the ahe ot tr ans re ni eon wa to the ro ie and tho oe sen na re io th a ed he mt on ea re tho a mn ce ae ro sen the an mon io tn aed wre ore ts nee a in the of and to was nd mre ha ine ot eon he ta ro ua ine the ahe ot tr ans re ni eon wa to the ro ie and tho oe sen na re io th a ed he mt on ea re tho a mn ce ae ro sen the an mon io tn aed wre ore ts nee a in the of and to was nd mre ha ine ot eon he ta ro ua ine the ahe ot tr ans re ni eon wa to the ro ie and tho oe sen na re io th a ed he mt on ea re tho a mn ce ae ro sen the an mon io tn aed wre ore ts nee a in the of and to was nd mre ha ine ot eon he ta ro ua ine the ahe ot tr ans re ni eon wa to the ro ie and tho oe sen na re io th a ed he mt on ea re tho a mn ce ae ro sen the an mon io tn aed wre ore ts nee a in the of and to was nd mre ha ine ot eon he ta ro ua ine the ahe ot tr ans re ni eon wa to the ro ie and tho oe sen na re io th a ed he mt on ea re tho a mn ce ae ro sen the an mon io tn aed wre ore ts nee a in the of and to was nd mre ha ine ot eon he ta ro ua ine the ahe ot tr ans re ni eon wa to the ro ie and tho oe sen na re io th a ed he mt on ea re tho a mn ce ae ro sen the an mon io tn aed wre ore ts nee a in the of and to was nd mre ha ine ot eon he ta ro ua ine the ahe ot tr ans re ni eon wa to the ro ie and tho oe sen na re io th a ed he mt on ea re tho a mn ce ae ro sen the an mon io tn aed wre ore ts nee a in the of and to was nd mre ha ine ot eon he ta ro ua ine the ahe ot tr ans re ni eon wa to the ro ie and tho oe sen na re io th a ed he mt on ea re tho a mn ce ae ro sen the an mon io tn aed wre ore ts nee a in the of and to was nd mre ha ine ot eon he ta ro ua ine the ahe ot tr ans re ni eon wa to the ro ie and tho oe sen na re io th a ed he mt on ea re tho a mn ce ae ro sen the an mon io tn aed wre ore ts nee a in the of and to was nd mre ha ine ot eon he ta ro ua ine the ahe ot tr ans re ni eon wa to the ro ie and tho oe sen na re io th a ed he mt on ea re tho a mn ce ae ro sen the an mon io tn aed wre ore ts nee a in the of and to was nd mre ha ine ot eon he ta ro ua ine the ahe ot tr ans re ni eon wa to the ro ie and tho oe sen na re io th a ed he mt on ea re tho a mn ce ae ro sen the an mon io tn aed wre ore ts nee a in the of and to was nd mre ha ine ot eon he ta ro ua ine the ahe ot tr ans re ni eon wa to the ro ie and tho oe sen na re io th a ed he mt on ea re tho a mn ce ae ro sen the an mon io tn aed wre ore ts nee a in the of and to was nd mre ha ine ot eon he ta ro ua ine the ahe ot tr ans re ni eon wa to the ro ie and tho oe sen na re io th a ed he mt on ea re tho a mn ce ae ro sen the an mon io tn aed wre ore ts nee a in the of and to was nd mre ha ine ot eon he ta ro ua ine the ahe ot tr ans re ni eon wa to the ro ie and tho oe sen na re io th a ed he mt on ea re tho a mn ce ae ro sen the an mon io tn aed wre ore ts nee a in the of and to was nd mre ha ine ot eon he ta ro ua ine the ahe ot tr ans re ni eon wa to the ro ie and tho oe sen na re io th a ed he mt on ea re tho a mn ce ae ro sen the an mon io tn aed wre ore ts nee a in the of and to was nd mre ha ine ot eon he ta ro ua ine the ahe ot tr ans re ni eon wa to the ro ie and tho oe sen na re io th a ed he mt on ea re tho a mn ce ae ro sen the an mon io tn aed wre ore ts nee a in the of and to was nd mre ha ine ot eon he ta ro ua ine the ahe ot tr ans re ni eon wa to the ro ie and tho oe sen na re io th a ed he mt on ea re tho a mn ce ae ro sen the an mon io tn aed wre ore ts nee a in the of and to was nd mre ha ine ot eon he ta ro ua ine the ahe ot tr ans re ni eon wa to the ro ie and tho oe sen na re io th a ed he mt on ea re tho a mn ce ae ro sen the an mon io tn aed wre ore ts nee a in the of and to was nd mre ha ine ot eon he ta ro ua ine the ahe ot tr ans re ni eon wa to the ro ie and tho oe sen na re io th a ed he mt on ea re tho a mn ce ae ro sen the an mon io tn aed wre ore ts nee a in the of and to was nd mre ha ine ot eon he ta ro ua ine the ahe ot tr ans re ni eon wa to the ro ie and tho oe sen na re io th a ed he mt on ea re tho a mn ce ae ro sen the an mon io tn aed wre ore ts nee a in the of and to was nd mre ha ine ot eon he ta ro ua ine the ahe ot tr ans re ni eon wa to the ro ie and tho oe sen na re io th a ed he mt on ea re tho a mn ce ae ro sen the an mon io tn aed wre ore ts nee a in the of and to was nd mre ha ine ot eon he ta ro ua ine the ahe ot tr ans re ni eon wa to the ro ie and tho oe sen na re io th a ed he mt on ea re tho a mn ce ae ro sen the an mon io tn aed wre ore ts nee a in the of and to was nd mre ha ine ot eon he ta ro ua ine the ahe ot tr ans re ni eon wa to the ro ie and tho oe sen na re io th a ed he mt on ea re tho a mn ce ae ro sen the an mon io tn aed wre ore ts nee a in the of and to was nd mre ha ine ot eon he ta ro ua ine the ahe ot tr ans re ni eon wa to the ro ie and tho oe sen na re io th a ed he mt on ea re tho a mn ce ae ro sen the an mon io tn aed wre ore ts nee a in the of and to was nd mre ha ine ot eon he ta ro ua ine the ahe ot tr ans re ni eon wa to the ro ie and tho oe sen na re io th a ed he mt on ea re tho a mn ce ae ro sen the an mon io tn aed wre ore ts nee a in the of and to was nd mre ha ine ot eon he ta ro ua ine the ahe ot tr ans re ni eon wa to the ro ie and tho oe sen na re io th a ed he mt on ea re tho a mn ce ae ro sen the an mon io tn aed wre ore ts nee a in the of and to was nd mre ha ine ot eon he ta ro ua ine the ahe ot tr ans re ni eon wa to the ro ie and tho oe sen na re io th a ed he mt on ea re tho a mn ce ae ro sen the an mon io tn aed wre ore ts nee a in the of and to was nd mre ha ine ot eon he ta ro ua ine the ahe ot tr ans re ni eon wa to the ro ie and tho oe sen na re io th a ed he mt on ea re
INDUSTRIAL UNREST.
THE USE OF ARMED FORCES.
THE VICTORIAN STATE MINES.
THE LITHGOW STRIKE.

Mr. Fisher, supporting a Labor candidate, declared that the Denham Government had applied for military forces during the strike because it was suffering from undue excitement.

A ballot of the employees at the State Mine rejected the manager's terms by a huge majority, and the strike is proceeding.

THE NEW HEBRIDES.
GRAVE ALLEGATIONS.

The Presbyterian Synod of the New Hebrides forwarded to the General Synod a series of resolutions declaring that the flogging of natives was not decreasing.

TURKISH POLITICS.
GRAVE PERIL.

The Daily News says that the election in Turkey shows that instead of a liberal policy there has been a steady Ottomanising of the Empire.

RECIPROCITY.
CANADA AND AUSTRALIA.

In the House of Commons, Mr. Harcourt, Secretary for the Colonies, replying to Sir Gilbert Parker, said that he was not aware of Australia's reply to Canada's proposal for a reciprocity agreement.

THE BRITISH NAVY.
TRAINING OF CADETS.

Mr. Churchill is establishing a special training squadron of light ships, two for cadets, and the remainder for boys and stokers.

THE GERMAN NAVY.
INCREASED EXPENDITURE.

The Defence Bill has been published. It is proposed permanently to commission three battleships, three large and three small cruisers beyond the existing arrangements.

SOUTH AFRICA.
THE IMMIGRATION QUESTION.

The Union Assembly adopted a clause in the Settlement Bill empowering the Government to make allotments of Crown lands to overseas applicants.

DEMENTIA.
RESTLESSNESS OF NEW ZEALANDERS.
ALWAYS ON THE MOVE.

William Jones, of Windsor, was sitting at the dinner table, when he suddenly became demented, and seized the carving knife.

tho a mn ce ae ro sen the an mon io tn aed wre ore ts nee a in the of and to was nd mre ha ine ot eon he ta ro ua ine the ahe ot tr ans re ni eon wa to the ro ie and tho oe sen na re io th a ed he mt on ea re tho a mn ce ae ro sen the an mon io tn aed wre ore ts nee a in the of and to was nd mre ha ine ot eon he ta ro ua ine the ahe ot tr ans re ni eon wa to the ro ie and tho oe sen na re io th a ed he mt on ea re tho a mn ce ae ro sen the an mon io tn aed wre ore ts nee a in the of and to was nd mre ha ine ot eon he ta ro ua ine the ahe ot tr ans re ni eon wa to the ro ie and tho oe sen na re io th a ed he mt on ea re tho a mn ce ae ro sen the an mon io tn aed wre ore ts nee a in the of and to was nd mre ha ine ot eon he ta ro ua ine the ahe ot tr ans re ni eon wa to the ro ie and tho oe sen na re io th a ed he mt on ea re tho a mn ce ae ro sen the an mon io tn aed wre ore ts nee a in the of and to was nd mre ha ine ot eon he ta ro ua ine the ahe ot tr ans re ni eon wa to the ro ie and tho oe sen na re io th a ed he mt on ea re tho a mn ce ae ro sen the an mon io tn aed wre ore ts nee a in the of and to was nd mre ha ine ot eon he ta ro ua ine the ahe ot tr ans re ni eon wa to the ro ie and tho oe sen na re io th a ed he mt on ea re tho a mn ce ae ro sen the an mon io tn aed wre ore ts nee a in the of and to was nd mre ha ine ot eon he ta ro ua ine the ahe ot tr ans re ni eon wa to the ro ie and tho oe sen na re io th a ed he mt on ea re tho a mn ce ae ro sen the an mon io tn aed wre ore ts nee a in the of and to was nd mre ha ine ot eon he ta ro ua ine the ahe ot tr ans re ni eon wa to the ro ie and tho oe sen na re io th a ed he mt on ea re tho a mn ce ae ro sen the an mon io tn aed wre ore ts nee a in the of and to was nd mre ha ine ot eon he ta ro ua ine the ahe ot tr ans re ni eon wa to the ro ie and tho oe sen na re io th a ed he mt on ea re tho a mn ce ae ro sen the an mon io tn aed wre ore ts nee a in the of and to was nd mre ha ine ot eon he ta ro ua ine the ahe ot tr ans re ni eon wa to the ro ie and tho oe sen na re io th a ed he mt on ea re tho a mn ce ae ro sen the an mon io tn aed wre ore ts nee a in the of and to was nd mre ha ine ot eon he ta ro ua ine the ahe ot tr ans re ni eon wa to the ro ie and tho oe sen na re io th a ed he mt on ea re tho a mn ce ae ro sen the an mon io tn aed wre ore ts nee a in the of and to was nd mre ha ine ot eon he ta ro ua ine the ahe ot tr ans re ni eon wa to the ro ie and tho oe sen na re io th a ed he mt on ea re tho a mn ce ae ro sen the an mon io tn aed wre ore ts nee a in the of and to was nd mre ha ine ot eon he ta ro ua ine the ahe ot tr ans re ni eon wa to the ro ie and tho oe sen na re io th a ed he mt on ea re tho a mn ce ae ro sen the an mon io tn aed wre ore ts nee a in the of and to was nd mre ha ine ot eon he ta ro ua ine the ahe ot tr ans re ni eon wa to the ro ie and tho oe sen na re io th a ed he mt on ea re tho a mn ce ae ro sen the an mon io tn aed wre ore ts nee a in the of and to was nd mre ha ine ot eon he ta ro ua ine the ahe ot tr ans re ni eon wa to the ro ie and tho oe sen na re io th a ed he mt on ea re tho a mn ce ae ro sen the an mon io tn aed wre ore ts nee a in the of and to was nd mre ha ine ot eon he ta ro ua ine the ahe ot tr ans re ni eon wa to the ro ie and tho oe sen na re io th a ed he mt on ea re tho a mn ce ae ro sen the an mon io tn aed wre ore ts nee a in the of and to was nd mre ha ine ot eon he ta ro ua ine the ahe ot tr ans re ni eon wa to the ro ie and tho oe sen na re io th a ed he mt on ea re tho a mn ce ae ro sen the an mon io tn aed wre ore ts nee a in the of and to was nd mre ha ine ot eon he ta ro ua ine the ahe ot tr ans re ni eon wa to the ro ie and tho oe sen na re io th a ed he mt on ea re tho a mn ce ae ro sen the an mon io tn aed wre ore ts nee a in the of and to was nd mre ha ine ot eon he ta ro ua ine the ahe ot tr ans re ni eon wa to the ro ie and tho oe sen na re io th a ed he mt on ea re tho a mn ce ae ro sen the an mon io tn aed wre ore ts nee a in the of and to was nd mre ha ine ot eon he ta ro ua ine the ahe ot tr ans re ni eon wa to the ro ie and tho oe sen na re io th a ed he mt on ea re tho a mn ce ae ro sen the an mon io tn aed wre ore ts nee a in the of and to was nd mre ha ine ot eon he ta ro ua ine the ahe ot tr ans re ni eon wa to the ro ie and tho oe sen na re io th a ed he mt on ea re tho a mn ce ae ro sen the an mon io tn aed wre ore ts nee a in the of and to was nd mre ha ine ot eon he ta ro ua ine the ahe ot tr ans re ni eon wa to the ro ie and tho oe sen na re io th a ed he mt on ea re tho a mn ce ae ro sen the an mon io tn aed wre ore ts nee a in the of and to was nd mre ha ine ot eon he ta ro ua ine the ahe ot tr ans re ni eon wa to the ro ie and tho oe sen na re io th a ed he mt on ea re tho a mn ce ae ro sen the an mon io tn aed wre ore ts nee a in the of and to was nd mre ha ine ot eon he ta ro ua ine the ahe ot tr ans re ni eon wa to the ro ie and tho oe sen na re io th a ed he mt on ea re tho a mn ce ae ro sen the an mon io tn aed wre ore ts nee a in the of and to was nd mre ha ine ot eon he ta ro ua ine the ahe ot tr ans re ni eon wa to the ro ie and tho oe sen na re io th a ed he mt on ea re tho a mn ce ae ro sen the an mon io tn aed wre ore ts nee a in the of and to was nd mre ha ine ot eon he ta ro ua ine the ahe ot tr ans re ni eon wa to the ro ie and tho oe sen na re io th a ed he mt on ea re tho a mn ce ae ro sen the an mon io tn aed wre ore ts nee a in the of and to was nd mre ha ine ot eon he ta ro ua ine the ahe ot tr ans re ni eon wa to the ro ie and tho oe sen na re io th a ed he mt on ea re tho a mn ce ae ro sen the an mon io tn aed wre ore ts nee a in the of and to was nd mre ha ine ot eon he ta ro ua ine the ahe ot tr ans re ni eon wa to the ro ie and tho oe sen na re io th a ed he mt on ea re tho a mn ce ae ro sen the an mon io tn aed wre ore ts nee a in the of and to was nd mre ha ine ot eon he ta ro ua ine the ahe ot tr ans re ni eon wa to the ro ie and tho oe sen na re io th a ed he mt on ea re tho a mn ce ae ro sen the an mon io tn aed wre ore ts nee a in the of and to was nd mre ha ine ot eon he ta ro ua ine the ahe ot tr ans re ni eon wa to the ro ie and tho oe sen na re io th a ed he mt on ea re tho a mn ce ae ro sen the an mon io tn aed wre ore ts nee a in the of and to was nd mre ha ine ot eon he ta ro ua ine the ahe ot tr ans re ni eon wa to the ro ie and tho oe sen na re io th a ed he mt on ea re tho a mn ce ae ro sen the an mon io tn aed wre ore ts nee a in the of and to was nd mre ha ine ot eon he ta ro ua ine the ahe ot tr ans re ni eon wa to the ro ie and tho oe sen na re io th a ed he mt on ea re tho a mn ce ae ro sen the an mon io tn aed wre ore ts nee a in the of and to was nd mre ha ine ot eon he ta ro ua ine the ahe ot tr ans re ni eon wa to the ro ie and tho oe sen na re io th a ed he mt on ea re tho a mn ce ae ro sen the an mon io tn aed wre ore ts nee a in the of and to was nd mre ha ine ot eon he ta ro ua ine the ahe ot tr ans re ni eon wa to the ro ie and tho oe sen na re io th a ed he mt on ea re tho a mn ce ae ro sen the an mon io tn aed wre ore ts nee a in the of and to was nd mre ha ine ot eon he ta ro ua ine the ahe ot tr ans re ni eon wa to the ro ie and tho oe sen na re io th a ed he mt on ea re tho a mn ce ae ro sen the an mon io tn aed wre ore ts nee a in the of and to was nd mre ha ine ot eon he ta ro ua ine the ahe ot tr ans re ni eon wa to the ro ie and tho oe sen na re io th a ed he mt on ea re tho a mn ce ae ro sen the an mon io tn aed wre ore ts nee a in the of and to was nd mre ha ine ot eon he ta ro ua ine the ahe ot tr ans re ni eon wa to the ro ie and tho oe sen na re io th a ed he mt on ea re tho a mn ce ae ro sen the an mon io tn aed wre ore ts nee a in the of and to was nd mre ha ine ot eon he ta ro ua ine the ahe ot tr ans re ni eon wa to the ro ie and tho oe sen na re io th a ed he mt on ea re tho a mn ce ae ro sen the an mon io tn aed wre ore ts nee a in the of and to was nd mre ha ine ot eon he ta ro ua ine the ahe ot tr ans re ni eon wa to the ro ie and tho oe sen na re io th a ed he mt on ea re tho a mn ce ae ro sen the an mon io tn aed wre ore ts nee a in the of and to was nd mre ha ine ot eon he ta ro ua ine the ahe ot tr ans re ni eon wa to the ro ie and tho oe sen na re io th a ed he mt on ea re tho a mn ce ae ro sen the an mon io tn aed wre ore ts nee a in the of and to was nd mre ha ine ot eon he ta ro ua ine the ahe ot tr ans re ni eon wa to the ro ie and tho oe sen na re io th a ed he mt on ea re tho a mn ce ae ro sen the an mon io tn aed wre ore ts nee a in the of and to was nd mre ha ine ot eon he ta ro ua ine the ahe ot tr ans re ni eon wa to the ro ie and tho oe sen na re io th a ed he mt on ea re tho a mn ce ae ro sen the an mon io tn aed wre ore ts nee a in the of and to was nd mre ha ine ot eon he ta ro ua ine the ahe ot tr ans re ni eon wa to the ro ie and tho oe sen na re io th a ed he mt on ea re tho a mn ce ae ro sen the an mon io tn aed wre ore ts nee a in the of and to was nd mre ha ine ot eon he ta ro ua ine the ahe ot tr ans re ni eon wa to the ro ie and tho oe sen na re io th a ed he mt on ea re tho a mn ce ae ro sen the an mon io tn aed wre ore ts nee a in the of and to was nd mre ha ine ot eon he ta ro ua ine the ahe ot tr ans re ni eon wa to the ro ie and tho oe sen na re io th a ed he mt on ea re tho a mn ce ae ro sen the an mon io tn aed wre ore ts nee a in the of and to was nd mre ha ine ot eon he ta ro ua ine the ahe ot tr ans re ni eon wa to the ro ie and tho oe sen na re io th a ed he mt on ea re tho a mn ce ae ro sen the an mon io tn aed wre ore ts nee a in the of and to was nd mre ha ine ot eon he ta ro ua ine the ahe ot tr ans re ni eon wa to the ro ie and tho oe sen na re io th a ed he mt on ea re tho a mn ce ae ro sen the an mon io tn aed wre ore ts nee a in the of and to was nd mre ha ine ot eon he ta ro ua ine the ahe ot tr ans re ni eon wa to the ro ie and tho oe sen na re io th a ed he mt on ea re tho a mn ce ae ro sen the an mon io tn aed wre ore ts nee a in the of and to was nd mre ha ine ot eon he ta ro ua ine the ahe ot tr ans re ni eon wa to the ro ie and tho oe sen na re io th a ed he mt on ea re tho a mn ce ae ro sen the an mon io tn aed wre ore ts nee a in the of and to was nd mre ha ine ot eon he ta ro ua ine the ahe ot tr ans re ni eon wa to the ro ie and tho oe sen na re io th a ed he mt on ea re tho a mn ce ae ro sen the an mon io tn aed wre ore ts nee a in the of and to was nd mre ha ine ot eon he ta ro ua ine the ahe ot tr ans re ni eon wa to the ro ie and tho oe sen na re io th a ed he mt on ea re tho a mn ce ae ro sen the an mon io tn aed wre ore ts nee a in the of and to was nd mre ha ine ot eon he ta ro ua ine the ahe ot tr ans re ni eon wa to the ro ie and tho oe sen na re io th a ed he mt on ea re tho a mn ce ae ro sen the an mon io tn aed wre ore ts nee a in the of and to was nd mre ha ine ot eon he ta ro ua ine the ahe ot tr ans re ni eon wa to the ro ie and tho oe sen na re io th a ed he mt on ea re tho a mn ce ae ro sen the an mon io tn aed wre ore ts nee a in the of and to was nd mre ha ine ot eon he ta ro ua ine the ahe ot tr ans re ni eon wa to the ro ie and tho oe sen na re io th a ed he mt on ea re tho a mn ce ae ro sen the an mon io tn aed wre ore ts nee a in the of and to was nd mre ha ine ot eon he ta ro ua ine the ahe ot tr ans re ni eon wa to the ro ie and tho oe sen na re io th a ed he mt on ea re tho a mn ce ae ro sen the an mon io tn aed wre ore ts nee a in the of and to was nd mre ha ine ot eon he ta ro ua ine the ahe ot tr ans re ni eon wa to the ro ie and tho oe sen na re io th a ed he mt on ea re tho a mn ce ae ro sen the an mon io tn aed wre ore ts nee a in the of and to was nd mre ha ine ot eon he ta ro ua ine the ahe ot tr ans re ni eon wa to the ro ie and tho oe sen na re io th a ed he mt on ea re tho a mn ce ae ro sen the an mon io tn aed wre ore ts nee a in the of and to was nd mre ha ine ot eon he ta ro ua ine the ahe ot tr ans re ni eon wa to the ro ie and tho oe sen na re io th a ed he mt on ea re tho a mn ce ae ro sen the an mon io tn aed wre ore ts nee a in the of and to was nd mre ha ine ot eon he ta ro ua ine the ahe ot tr ans re ni eon wa to the ro ie and tho oe sen na re io th a ed he mt on ea re tho a mn ce ae ro sen the an mon io tn aed wre ore ts nee a in the of and to was nd mre ha ine ot eon he ta ro ua ine the ahe ot tr ans re ni eon wa to the ro ie and tho oe sen na re io th a ed he mt on ea re
BRITAIN'S NEW RIFLE.
AN IMPROVED WEAPON.

The Morning Post states that Britain's new rifle is 2½ inches longer than the Lee-Enfield, and the calibre is .276.

THE TRADE COMMISSION
CONFINED TO THE DOMINIONS.

Lord Harcourt, replying to a question in the House of Lords as to why the Crown colonies and India were omitted from the Empire Trade Commission, said that the inquiry was into the Dominions' resources.

COMMERCIAL.
LONDON MARKETS.
AUCKLAND STOCK EXCHANGE.

Wool.—The following are the prices realised for the fleece portion of the Pakeha clip.

Copper.—Spot, £70 5s 3d; three months, £71 10s.

Wheat.—New Australian cargoes sold at 37s 10d and 39s 11½d respectively.

MAYORAL ELECTIONS.
NEW PLYMOUTH NOMINATIONS.

Masterton.—Mr. J. M. Coradine, the sitting Mayor, and Mr. T. Hoar, until recently a councillor, have been nominated for the mayoralty.

At noon today, when the time for receiving nominations closed, only two nominations had been received for the position of Mayor of New Plymouth.

tho a mn ce ae ro sen the an mon io tn aed wre ore ts nee a in the of and to was nd mre ha ine ot eon he ta ro ua ine the ahe ot tr ans re ni eon wa to the ro ie and tho oe sen na re io th a ed he mt on ea re tho a mn ce ae ro sen the an mon io tn aed wre ore ts nee a in the of and to was nd mre ha ine ot eon he ta ro ua ine the ahe ot tr ans re ni eon wa to the ro ie and tho oe sen na re io th a ed he mt on ea re tho a mn ce ae ro sen the an mon io tn aed wre ore ts nee a in the of and to was nd mre ha ine ot eon he ta ro ua ine the ahe ot tr ans re ni eon wa to the ro ie and tho oe sen na re io th a ed he mt on ea re tho a mn ce ae ro sen the an mon io tn aed wre ore ts nee a in the of and to was nd mre ha ine ot eon he ta ro ua ine the ahe ot tr ans re ni eon wa to the ro ie and tho oe sen na re io th a ed he mt on ea re tho a mn ce ae ro sen the an mon io tn aed wre ore ts nee a in the of and to was nd mre ha ine ot eon he ta ro ua ine the ahe ot tr ans re ni eon wa to the ro ie and tho oe sen na re io th a ed he mt on ea re tho a mn ce ae ro sen the an mon io tn aed wre ore ts nee a in the of and to was nd mre ha ine ot eon he ta ro ua ine the ahe ot tr ans re ni eon wa to the ro ie and tho oe sen na re io th a ed he mt on ea re tho a mn ce ae ro sen the an mon io tn aed wre ore ts nee a in the of and to was nd mre ha ine ot eon he ta ro ua ine the ahe ot tr ans re ni eon wa to the ro ie and tho oe sen na re io th a ed he mt on ea re tho a mn ce ae ro sen the an mon io tn aed wre ore ts nee a in the of and to was nd mre ha ine ot eon he ta ro ua ine the ahe ot tr ans re ni eon wa to the ro ie and tho oe sen na re io th a ed he mt on ea re tho a mn ce ae ro sen the an mon io tn aed wre ore ts nee a in the of and to was nd mre ha ine ot eon he ta ro ua ine the ahe ot tr ans re ni eon wa to the ro ie and tho oe sen na re io th a ed he mt on ea re tho a mn ce ae ro sen the an mon io tn aed wre ore ts nee a in the of and to was nd mre ha ine ot eon he ta ro ua ine the ahe ot tr ans re ni eon wa to the ro ie and tho oe sen na re io th a ed he mt on ea re tho a mn ce ae ro sen the an mon io tn aed wre ore ts nee a in the of and to was nd mre ha ine ot eon he ta ro ua ine the ahe ot tr ans re ni eon wa to the ro ie and tho oe sen na re io th a ed he mt on ea re tho a mn ce ae ro sen the an mon io tn aed wre ore ts nee a in the of and to was nd mre ha ine ot eon he ta ro ua ine the ahe ot tr ans re ni eon wa to the ro ie and tho oe sen na re io th a ed he mt on ea re tho a mn ce ae ro sen the an mon io tn aed wre ore ts nee a in the of and to was nd mre ha ine ot eon he ta ro ua ine the ahe ot tr ans re ni eon wa to the ro ie and tho oe sen na re io th a ed he mt on ea re tho a mn ce ae ro sen the an mon io tn aed wre ore ts nee a in the of and to was nd mre ha ine ot eon he ta ro ua ine the ahe ot tr ans re ni eon wa to the ro ie and tho oe sen na re io th a ed he mt on ea re tho a mn ce ae ro sen the an mon io tn aed wre ore ts nee a in the of and to was nd mre ha ine ot eon he ta ro ua ine the ahe ot tr ans re ni eon wa to the ro ie and tho oe sen na re io th a ed he mt on ea re tho a mn ce ae ro sen the an mon io tn aed wre ore ts nee a in the of and to was nd mre ha ine ot eon he ta ro ua ine the ahe ot tr ans re ni eon wa to the ro ie and tho oe sen na re io th a ed he mt on ea re tho a mn ce ae ro sen the an mon io tn aed wre ore ts nee a in the of and to was nd mre ha ine ot eon he ta ro ua ine the ahe ot tr ans re ni eon wa to the ro ie and tho oe sen na re io th a ed he mt on ea re tho a mn ce ae ro sen the an mon io tn aed wre ore ts nee a in the of and to was nd mre ha ine ot eon he ta ro ua ine the ahe ot tr ans re ni eon wa to the ro ie and tho oe sen na re io th a ed he mt on ea re tho a mn ce ae ro sen the an mon io tn aed wre ore ts nee a in the of and to was nd mre ha ine ot eon he ta ro ua ine the ahe ot tr ans re ni eon wa to the ro ie and tho oe sen na re io th a ed he mt on ea re tho a mn ce ae ro sen the an mon io tn aed wre ore ts nee a in the of and to was nd mre ha ine ot eon he ta ro ua ine the ahe ot tr ans re ni eon wa to the ro ie and tho oe sen na re io th a ed he mt on ea re tho a mn ce ae ro sen the an mon io tn aed wre ore ts nee a in the of and to was nd mre ha ine ot eon he ta ro ua ine the ahe ot tr ans re ni eon wa to the ro ie and tho oe sen na re io th a ed he mt on ea re tho a mn ce ae ro sen the an mon io tn aed wre ore ts nee a in the of and to was nd mre ha ine ot eon he ta ro ua ine the ahe ot tr ans re ni eon wa to the ro ie and tho oe sen na re io th a ed he mt on ea re tho a mn ce ae ro sen the an mon io tn aed wre ore ts nee a in the of and to was nd mre ha ine ot eon he ta ro ua ine the ahe ot tr ans re ni eon wa to the ro ie and tho oe sen na re io th a ed he mt on ea re tho a mn ce ae ro sen the an mon io tn aed wre ore ts nee a in the of and to was nd mre ha ine ot eon he ta ro ua ine the ahe ot tr ans re ni eon wa to the ro ie and tho oe sen na re io th a ed he mt on ea re tho a mn ce ae ro sen the an mon io tn aed wre ore ts nee a in the of and to was nd mre ha ine ot eon he ta ro ua ine the ahe ot tr ans re ni eon wa to the ro ie and tho oe sen na re io th a ed he mt on ea re tho a mn ce ae ro sen the an mon io tn aed wre ore ts nee a in the of and to was nd mre ha ine ot eon he ta ro ua ine the ahe ot tr ans re ni eon wa to the ro ie and tho oe sen na re io th a ed he mt on ea re tho a mn ce ae ro sen the an mon io tn aed wre ore ts nee a in the of and to was nd mre ha ine ot eon he ta ro ua ine the ahe ot tr ans re ni eon wa to the ro ie and tho oe sen na re io th a ed he mt on ea re tho a mn ce ae ro sen the an mon io tn aed wre ore ts nee a in the of and to was nd mre ha ine ot eon he ta ro ua ine the ahe ot tr ans re ni eon wa to the ro ie and tho oe sen na re io th a ed he mt on ea re tho a mn ce ae ro sen the an mon io tn aed wre ore ts nee a in the of and to was nd mre ha ine ot eon he ta ro ua ine the ahe ot tr ans re ni eon wa to the ro ie and tho oe sen na re io th a ed he mt on ea re tho a mn ce ae ro sen the an mon io tn aed wre ore ts nee a in the of and to was nd mre ha ine ot eon he ta ro ua ine the ahe ot tr ans re ni eon wa to the ro ie and tho oe sen na re io th a ed he mt on ea re tho a mn ce ae ro sen the an mon io tn aed wre ore ts nee a in the of and to was nd mre ha ine ot eon he ta ro ua ine the ahe ot tr ans re ni eon wa to the ro ie and tho oe sen na re io th a ed he mt on ea re tho a mn ce ae ro sen the an mon io tn aed wre ore ts nee a in the of and to was nd mre ha ine ot eon he ta ro ua ine the ahe ot tr ans re ni eon wa to the ro ie and tho oe sen na re io th a ed he mt on ea re tho a mn ce ae ro sen the an mon io tn aed wre ore ts nee a in the of and to was nd mre ha ine ot eon he ta ro ua ine the ahe ot tr ans re ni eon wa to the ro ie and tho oe sen na re io th a ed he mt on ea re tho a mn ce ae ro sen the an mon io tn aed wre ore ts nee a in the of and to was nd mre ha ine ot eon he ta ro ua ine the ahe ot tr ans re ni eon wa to the ro ie and tho oe sen na re io th a ed he mt on ea re tho a mn ce ae ro sen the an mon io tn aed wre ore ts nee a in the of and to was nd mre ha ine ot eon he ta ro ua ine the ahe ot tr ans re ni eon wa to the ro ie and tho oe sen na re io th a ed he mt on ea re tho a mn ce ae ro sen the an mon io tn aed wre ore ts nee a in the of and to was nd mre ha ine ot eon he ta ro ua ine the ahe ot tr ans re ni eon wa to the ro ie and tho oe sen na re io th a ed he mt on ea re tho a mn ce ae ro sen the an mon io tn aed wre ore ts nee a in the of and to was nd mre ha ine ot eon he ta ro ua ine the ahe ot tr ans re ni eon wa to the ro ie and tho oe sen na re io th a ed he mt on ea re tho a mn ce ae ro sen the an mon io tn aed wre ore ts nee a in the of and to was nd mre ha ine ot eon he ta ro ua ine the ahe ot tr ans re ni eon wa to the ro ie and tho oe sen na re io th a ed he mt on ea re tho a mn ce ae ro sen the an mon io tn aed wre ore ts nee a in the of and to was nd mre ha ine ot eon he ta ro ua ine the ahe ot tr ans re ni eon wa to the ro ie and tho oe sen na re io th a ed he mt on ea re tho a mn ce ae ro sen the an mon io tn aed wre ore ts nee a in the of and to was nd mre ha ine ot eon he ta ro ua ine the ahe ot tr ans re ni eon wa to the ro ie and tho oe sen na re io th a ed he mt on ea re tho a mn ce ae ro sen the an mon io tn aed wre ore ts nee a in the of and to was nd mre ha ine ot eon he ta ro ua ine the ahe ot tr ans re ni eon wa to the ro ie and tho oe sen na re io th a ed he mt on ea re tho a mn ce ae ro sen the an mon io tn aed wre ore ts nee a in the of and to was nd mre ha ine ot eon he ta ro ua ine the ahe ot tr ans re ni eon wa to the ro ie and tho oe sen na re io th a ed he mt on ea re tho a mn ce ae ro sen the an mon io tn aed wre ore ts nee a in the of and to was nd mre ha ine ot eon he ta ro ua ine the ahe ot tr ans re ni eon wa to the ro ie and tho oe sen na re io th a ed he mt on ea re tho a mn ce ae ro sen the an mon io tn aed wre ore ts nee a in the of and to was nd mre ha ine ot eon he ta ro ua ine the ahe ot tr ans re ni eon wa to the ro ie and tho oe sen na re io th a ed he mt on ea re tho a mn ce ae ro sen the an mon io tn aed wre ore ts nee a in the of and to was nd mre ha ine ot eon he ta ro ua ine the ahe ot tr ans re ni eon wa to the ro ie and tho oe sen na re io th a ed he mt on ea re tho a mn ce ae ro sen the an mon io tn aed wre ore ts nee a in the of and to was nd mre ha ine ot eon he ta ro ua ine the ahe ot tr ans re ni eon wa to the ro ie and tho oe sen na re io th a ed he mt on ea re tho a mn ce ae ro sen the an mon io tn aed wre ore ts nee a in the of and to was nd mre ha ine ot eon he ta ro ua ine the ahe ot tr ans re ni eon wa to the ro ie and tho oe sen na re io th a ed he mt on ea re tho a mn ce ae ro sen the an mon io tn aed wre ore ts nee a in the of and to was nd mre ha ine ot eon he ta ro ua ine the ahe ot tr ans re ni eon wa to the ro ie and tho oe sen na re io th a ed he mt on ea re tho a mn ce ae ro sen the an mon io tn aed wre ore ts nee a in the of and to was nd mre ha ine ot eon he ta ro ua ine the ahe ot tr ans re ni eon wa to the ro ie and tho oe sen na re io th a ed he mt on ea re tho a mn ce ae ro sen the an mon io tn aed wre ore ts nee a in the of and to was nd mre ha ine ot eon he ta ro ua ine the ahe ot tr ans re ni eon wa to the ro ie and tho oe sen na re io th a ed he mt on ea re tho a mn ce ae ro sen the an mon io tn aed wre ore ts nee a in the of and to was nd mre ha ine ot eon he ta ro ua ine the ahe ot tr ans re ni eon wa to the ro ie and tho oe sen na re io th a ed he mt on ea re tho a mn ce ae ro sen the an mon io tn aed wre ore ts nee a in the of and to was nd mre ha ine ot eon he ta ro ua ine the ahe ot tr ans re ni eon wa to the ro ie and tho oe sen na re io th a ed he mt on ea re tho a mn ce ae ro sen the an mon io tn aed wre ore ts nee a in the of and to was nd mre ha ine ot eon he ta ro ua ine the ahe ot tr ans re ni eon wa to the ro ie and tho oe sen na re io th a ed he mt on ea re tho a mn ce ae ro sen the an mon io tn aed wre ore ts nee a in the of and to was nd mre ha ine ot eon he ta ro ua ine the ahe ot tr ans re ni eon wa to the ro ie and tho oe sen na re io th a ed he mt on ea re tho a mn ce ae ro sen the an mon io tn aed wre ore ts nee a in the of and to was nd mre ha ine ot eon he ta ro ua ine the ahe ot tr ans re ni eon wa to the ro ie and tho oe sen na re io th a ed he mt on ea re tho a mn ce ae ro sen the an mon io tn aed wre ore ts nee a in the of and to was nd mre ha ine ot eon he ta ro ua ine the ahe ot tr ans re ni eon wa to the ro ie and tho oe sen na re io th a ed he mt on ea re tho a mn ce ae ro sen the an mon io tn aed wre ore ts nee a in the of and to was nd mre ha ine ot eon he ta ro ua ine the ahe ot tr ans re ni eon wa to the ro ie and tho oe sen na re io th a ed he mt on ea re tho a mn ce ae ro sen the an mon io tn aed wre ore ts nee a in the of and to was nd mre ha ine ot eon he ta ro ua ine the ahe ot tr ans re ni eon wa to the ro ie and tho oe sen na re io th a ed he mt on ea re tho a mn ce ae ro sen the an mon io tn aed wre ore ts nee a in the of and to was nd mre ha ine ot eon he ta ro ua ine the ahe ot tr ans re ni eon wa to the ro ie and tho oe sen na re io th a ed he mt on ea re tho a mn ce ae ro sen the an mon io tn aed wre ore ts nee a in the of and to was nd mre ha ine ot eon he ta ro ua ine the ahe ot tr ans re ni eon wa to the ro ie and tho oe sen na re io th a ed he mt on ea re
ACCIDENTS AND FATALITIES
DIED IN HOSPITAL.
A MYSTERIOUS DEATH.

Walter Charles Wilson, a widower, aged 35, injured last week in a collision between his trap and a tramcar near the General Post Office, died in the hospital this morning.

John McCoy, 55 years of age, who was lately employed on a farm at Ettrick, near Dunedin, was found dead in his bedroom.

THE SUB-ANTARCTIC.
BIOLOGICAL RESEARCH.

Mr. E. R. Waite, curator of the Christchurch Museum, has accepted Professor David's invitation to join the Aurora's sub-Antarctic oceanographic cruise, leaving Sydney on May 3.

ROYAL HUMANE SOCIETY
FOR COURAGE.

The Court of Directors of the Royal Humane Society made the following awards today.

SUPREME COURT.
THREE SENTENCES.

Before the Chief Justice, in the Supreme Court, John Lewis, for theft, was sentenced to twelve months' imprisonment and declared an habitual criminal.

WORK AND WAGES.

There is acute trouble in the Greymouth coal district, seventeen places having been abandoned owing to the miners' refusal to accept the tonnage rates.

For Children's Hacking Cough at night, Woods' Great Peppermint Cure, 1/6, 2/6.
tho a mn ce ae ro sen the an mon io tn aed wre ore ts nee a in the of and to was nd mre ha ine ot eon he ta ro ua ine the ahe ot tr ans re ni eon wa to the ro ie and tho oe sen na re io th a ed he mt on ea re tho a mn ce ae ro sen the an mon io tn aed wre ore ts nee a in the of and to was nd mre ha ine ot eon he ta ro ua ine the ahe ot tr ans re ni eon wa to the ro ie and tho oe sen na re io th a ed he mt on ea re tho a mn ce ae ro sen the an mon io tn aed wre ore ts nee a in the of and to was nd mre ha ine ot eon he ta ro ua ine the ahe ot tr ans re ni eon wa to the ro ie and tho oe sen na re io th a ed he mt on ea re tho a mn ce ae ro sen the an mon io tn aed wre ore ts nee a in the of and to was nd mre ha ine ot eon he ta ro ua ine the ahe ot tr ans re ni eon wa to the ro ie and tho oe sen na re io th a ed he mt on ea re tho a mn ce ae ro sen the an mon io tn aed wre ore ts nee a in the of and to was nd mre ha ine ot eon he ta ro ua ine the ahe ot tr ans re ni eon wa to the ro ie and tho oe sen na re io th a ed he mt on ea re tho a mn ce ae ro sen the an mon io tn aed wre ore ts nee a in the of and to was nd mre ha ine ot eon he ta ro ua ine the ahe ot tr ans re ni eon wa to the ro ie and tho oe sen na re io th a ed he mt on ea re tho a mn ce ae ro sen the an mon io tn aed wre ore ts nee a in the of and to was nd mre ha ine ot eon he ta ro ua ine the ahe ot tr ans re ni eon wa to the ro ie and tho oe sen na re io th a ed he mt on ea re tho a mn ce ae ro sen the an mon io tn aed wre ore ts nee a in the of and to was nd mre ha ine ot eon he ta ro ua ine the ahe ot tr ans re ni eon wa to the ro ie and tho oe sen na re io th a ed he mt on ea re tho a mn ce ae ro sen the an mon io tn aed wre ore ts nee a in the of and to was nd mre ha ine ot eon he ta ro ua ine the ahe ot tr ans re ni eon wa to the ro ie and tho oe sen na re io th a ed he mt on ea re tho a mn ce ae ro sen the an mon io tn aed wre ore ts nee a in the of and to was nd mre ha ine ot eon he ta ro ua ine the ahe ot tr ans re ni eon wa to the ro ie and tho oe sen na re io th a ed he mt on ea re tho a mn ce ae ro sen the an mon io tn aed wre ore ts nee a in the of and to was nd mre ha ine ot eon he ta ro ua ine the ahe ot tr ans re ni eon wa to the ro ie and tho oe sen na re io th a ed he mt on ea re tho a mn ce ae ro sen the an mon io tn aed wre ore ts nee a in the of and to was nd mre ha ine ot eon he ta ro ua ine the ahe ot tr ans re ni eon wa to the ro ie and tho oe sen na re io th a ed he mt on ea re tho a mn ce ae ro sen the an mon io tn aed wre ore ts nee a in the of and to was nd mre ha ine ot eon he ta ro ua ine the ahe ot tr ans re ni eon wa to the ro ie and tho oe sen na re io th a ed he mt on ea re tho a mn ce ae ro sen the an mon io tn aed wre ore ts nee a in the of and to was nd mre ha ine ot eon he ta ro ua ine the ahe ot tr ans re ni eon wa to the ro ie and tho oe sen na re io th a ed he mt on ea re tho a mn ce ae ro sen the an mon io tn aed wre ore ts nee a in the of and to was nd mre ha ine ot eon he ta ro ua ine the ahe ot tr ans re ni eon wa to the ro ie and tho oe sen na re io th a ed he mt on ea re tho a mn ce ae ro sen the an mon io tn aed wre ore ts nee a in the of and to was nd mre ha ine ot eon he ta ro ua ine the ahe ot tr ans re ni eon wa to the ro ie and tho oe sen na re io th a ed he mt on ea re tho a mn ce ae ro sen the an mon io tn aed wre ore ts nee a in the of and to was nd mre ha ine ot eon he ta ro ua ine the ahe ot tr ans re ni eon wa to the ro ie and tho oe sen na re io th a ed he mt on ea re tho a mn ce ae ro sen the an mon io tn aed wre ore ts nee a in the of and to was nd mre ha ine ot eon he ta ro ua ine the ahe ot tr ans re ni eon wa to the ro ie and tho oe sen na re io th a ed he mt on ea re tho a mn ce ae ro sen the an mon io tn aed wre ore ts nee a in the of and to was nd mre ha ine ot eon he ta ro ua ine the ahe ot tr ans re ni eon wa to the ro ie and tho oe sen na re io th a ed he mt on ea re tho a mn ce ae ro sen the an mon io tn aed wre ore ts nee a in the of and to was nd mre ha ine ot eon he ta ro ua ine the ahe ot tr ans re ni eon wa to the ro ie and tho oe sen na re io th a ed he mt on ea re tho a mn ce ae ro sen the an mon io tn aed wre ore ts nee a in the of and to was nd mre ha ine ot eon he ta ro ua ine the ahe ot tr ans re ni eon wa to the ro ie and tho oe sen na re io th a ed he mt on ea re tho a mn ce ae ro sen the an mon io tn aed wre ore ts nee a in the of and to was nd mre ha ine ot eon he ta ro ua ine the ahe ot tr ans re ni eon wa to the ro ie and tho oe sen na re io th a ed he mt on ea re tho a mn ce ae ro sen the an mon io tn aed wre ore ts nee a in the of and to was nd mre ha ine ot eon he ta ro ua ine the ahe ot tr ans re ni eon wa to the ro ie and tho oe sen na re io th a ed he mt on ea re tho a mn ce ae ro sen the an mon io tn aed wre ore ts nee a in the of and to was nd mre ha ine ot eon he ta ro ua ine the ahe ot tr ans re ni eon wa to the ro ie and tho oe sen na re io th a ed he mt on ea re tho a mn ce ae ro sen the an mon io tn aed wre ore ts nee a in the of and to was nd mre ha ine ot eon he ta ro ua ine the ahe ot tr ans re ni eon wa to the ro ie and tho oe sen na re io th a ed he mt on ea re tho a mn ce ae ro sen the an mon io tn aed wre ore ts nee a in the of and to was nd mre ha ine ot eon he ta ro ua ine the ahe ot tr ans re ni eon wa to the ro ie and tho oe sen na re io th a ed he mt on ea re tho a mn ce ae ro sen the an mon io tn aed wre ore ts nee a in the of and to was nd mre ha ine ot eon he ta ro ua ine the ahe ot tr ans re ni eon wa to the ro ie and tho oe sen na re io th a ed he mt on ea re tho a mn ce ae ro sen the an mon io tn aed wre ore ts nee a in the of and to was nd mre ha ine ot eon he ta ro ua ine the ahe ot tr ans re ni eon wa to the ro ie and tho oe sen na re io th a ed he mt on ea re tho a mn ce ae ro sen the an mon io tn aed wre ore ts nee a in the of and to was nd mre ha ine ot eon he ta ro ua ine the ahe ot tr ans re ni eon wa to the ro ie and tho oe sen na re io th a ed he mt on ea re tho a mn ce ae ro sen the an mon io tn aed wre ore ts nee a in the of and to was nd mre ha ine ot eon he ta ro ua ine the ahe ot tr ans re ni eon wa to the ro ie and tho oe sen na re io th a ed he mt on ea re tho a mn ce ae ro sen the an mon io tn aed wre ore ts nee a in the of and to was nd mre ha ine ot eon he ta ro ua ine the ahe ot tr ans re ni eon wa to the ro ie and tho oe sen na re io th a ed he mt on ea re tho a mn ce ae ro sen the an mon io tn aed wre ore ts nee a in the of and to was nd mre ha ine ot eon he ta ro ua ine the ahe ot tr ans re ni eon wa to the ro ie and tho oe sen na re io th a ed he mt on ea re tho a mn ce ae ro sen the an mon io tn aed wre ore ts nee a in the of and to was nd mre ha ine ot eon he ta ro ua ine the ahe ot tr ans re ni eon wa to the ro ie and tho oe sen na re io th a ed he mt on ea re tho a mn ce ae ro sen the an mon io tn aed wre ore ts nee a in the of and to was nd mre ha ine ot eon he ta ro ua ine the ahe ot tr ans re ni eon wa to the ro ie and tho oe sen na re io th a ed he mt on ea re tho a mn ce ae ro sen the an mon io tn aed wre ore ts nee a in the of and to was nd mre ha ine ot eon he ta ro ua ine the ahe ot tr ans re ni eon wa to the ro ie and tho oe sen na re io th a ed he mt on ea re tho a mn ce ae ro sen the an mon io tn aed wre ore ts nee a in the of and to was nd mre ha ine ot eon he ta ro ua ine the ahe ot tr ans re ni eon wa to the ro ie and tho oe sen na re io th a ed he mt on ea re tho a mn ce ae ro sen the an mon io tn aed wre ore ts nee a in the of and to was nd mre ha ine ot eon he ta ro ua ine the ahe ot tr ans re ni eon wa to the ro ie and tho oe sen na re io th a ed he mt on ea re tho a mn ce ae ro sen the an mon io tn aed wre ore ts nee a in the of and to was nd mre ha ine ot eon he ta ro ua ine the ahe ot tr ans re ni eon wa to the ro ie and tho oe sen na re io th a ed he mt on ea re tho a mn ce ae ro sen the an mon io tn aed wre ore ts nee a in the of and to was nd mre ha ine ot eon he ta ro ua ine the ahe ot tr ans re ni eon wa to the ro ie and tho oe sen na re io th a ed he mt on ea re tho a mn ce ae ro sen the an mon io tn aed wre ore ts nee a in the of and to was nd mre ha ine ot eon he ta ro ua ine the ahe ot tr ans re ni eon wa to the ro ie and tho oe sen na re io th a ed he mt on ea re tho a mn ce ae ro sen the an mon io tn aed wre ore ts nee a in the of and to was nd mre ha ine ot eon he ta ro ua ine the ahe ot tr ans re ni eon wa to the ro ie and tho oe sen na re io th a ed he mt on ea re tho a mn ce ae ro sen the an mon io tn aed wre ore ts nee a in the of and to was nd mre ha ine ot eon he ta ro ua ine the ahe ot tr ans re ni eon wa to the ro ie and tho oe sen na re io th a ed he mt on ea re tho a mn ce ae ro sen the an mon io tn aed wre ore ts nee a in the of and to was nd mre ha ine ot eon he ta ro ua ine the ahe ot tr ans re ni eon wa to the ro ie and tho oe sen na re io th a ed he mt on ea re tho a mn ce ae ro sen the an mon io tn aed wre ore ts nee a in the of and to was nd mre ha ine ot eon he ta ro ua ine the ahe ot tr ans re ni eon wa to the ro ie and tho oe sen na re io th a ed he mt on ea re tho a mn ce ae ro sen the an mon io tn aed wre ore ts nee a in the of and to was nd mre ha ine ot eon he ta ro ua ine the ahe ot tr ans re ni eon wa to the ro ie and tho oe sen na re io th a ed he mt on ea re tho a mn ce ae ro sen the an mon io tn aed wre ore ts nee a in the of and to was nd mre ha ine ot eon he ta ro ua ine the ahe ot tr ans re ni eon wa to the ro ie and tho oe sen na re io th a ed he mt on ea re tho a mn ce ae ro sen the an mon io tn aed wre ore ts nee a in the of and to was nd mre ha ine ot eon he ta ro ua ine the ahe ot tr ans re ni eon wa to the ro ie and tho oe sen na re io th a ed he mt on ea re tho a mn ce ae ro sen the an mon io tn aed wre ore ts nee a in the of and to was nd mre ha ine ot eon he ta ro ua ine the ahe ot tr ans re ni eon wa to the ro ie and tho oe sen na re io th a ed he mt on ea re tho a mn ce ae ro sen the an mon io tn aed wre ore ts nee a in the of and to was nd mre ha ine ot eon he ta ro ua ine the ahe ot tr ans re ni eon wa to the ro ie and tho oe sen na re io th a ed he mt on ea re tho a mn ce ae ro sen the an mon io tn aed wre ore ts nee a in the of and to was nd mre ha ine ot eon he ta ro ua ine the ahe ot tr ans re ni eon wa to the ro ie and tho oe sen na re io th a ed he mt on ea re tho a mn ce ae ro sen the an mon io tn aed wre ore ts nee a in the of and to was nd mre ha ine ot eon he ta ro ua ine the ahe ot tr ans re ni eon wa to the ro ie and tho oe sen na re io th a ed he mt on ea re tho a mn ce ae ro sen the an mon io tn aed wre ore ts nee a in the of and to was nd mre ha ine ot eon he ta ro ua ine the ahe ot tr ans re ni eon wa to the ro ie and tho oe sen na re io th a ed he mt on ea re tho a mn ce ae ro sen the an mon io tn aed wre ore ts nee a in the of and to was nd mre ha ine ot eon he ta ro ua ine the ahe ot tr ans re ni eon wa to the ro ie and tho oe sen na re io th a ed he mt on ea re tho a mn ce ae ro sen the an mon io tn aed wre ore ts nee a in the of and to was nd mre ha ine ot eon he ta ro ua ine the ahe ot tr ans re ni eon wa to the ro ie and tho oe sen na re io th a ed he mt on ea re tho a mn ce ae ro sen the an mon io tn aed wre ore ts nee a in the of and to was nd mre ha ine ot eon he ta ro ua ine the ahe ot tr ans re ni eon wa to the ro ie and tho oe sen na re io th a ed he mt on ea re tho a mn ce ae ro sen the an mon io tn aed wre ore ts nee a in the of and to was nd mre ha ine ot eon he ta ro ua ine the ahe ot tr ans re ni eon wa to the ro ie and tho oe sen na re io th a ed he mt on ea re tho a mn ce ae ro sen the an mon io tn aed wre ore ts nee a in the of and to was nd mre ha ine ot eon he ta ro ua ine the ahe ot tr ans re ni eon wa to the ro ie and tho oe sen na re io th a ed he mt on ea re tho a mn ce ae ro sen the an mon io tn aed wre ore ts nee a in the of and to was nd mre ha ine ot eon he ta ro ua ine the ahe ot tr ans re ni eon wa to the ro ie and tho oe sen na re io th a ed he mt on ea re tho a mn ce ae ro sen the an mon io tn aed wre ore ts nee a in the of and to was nd mre ha ine ot eon he ta ro ua ine the ahe ot tr ans re ni eon wa to the ro ie and tho oe sen na re io th a ed he mt on ea re tho a mn ce ae ro sen the an mon io tn aed wre ore ts nee a in the of and to was nd mre ha ine ot eon he ta ro ua ine the ahe ot tr ans re ni eon wa to the ro ie and tho oe sen na re io th a ed he mt on ea re
